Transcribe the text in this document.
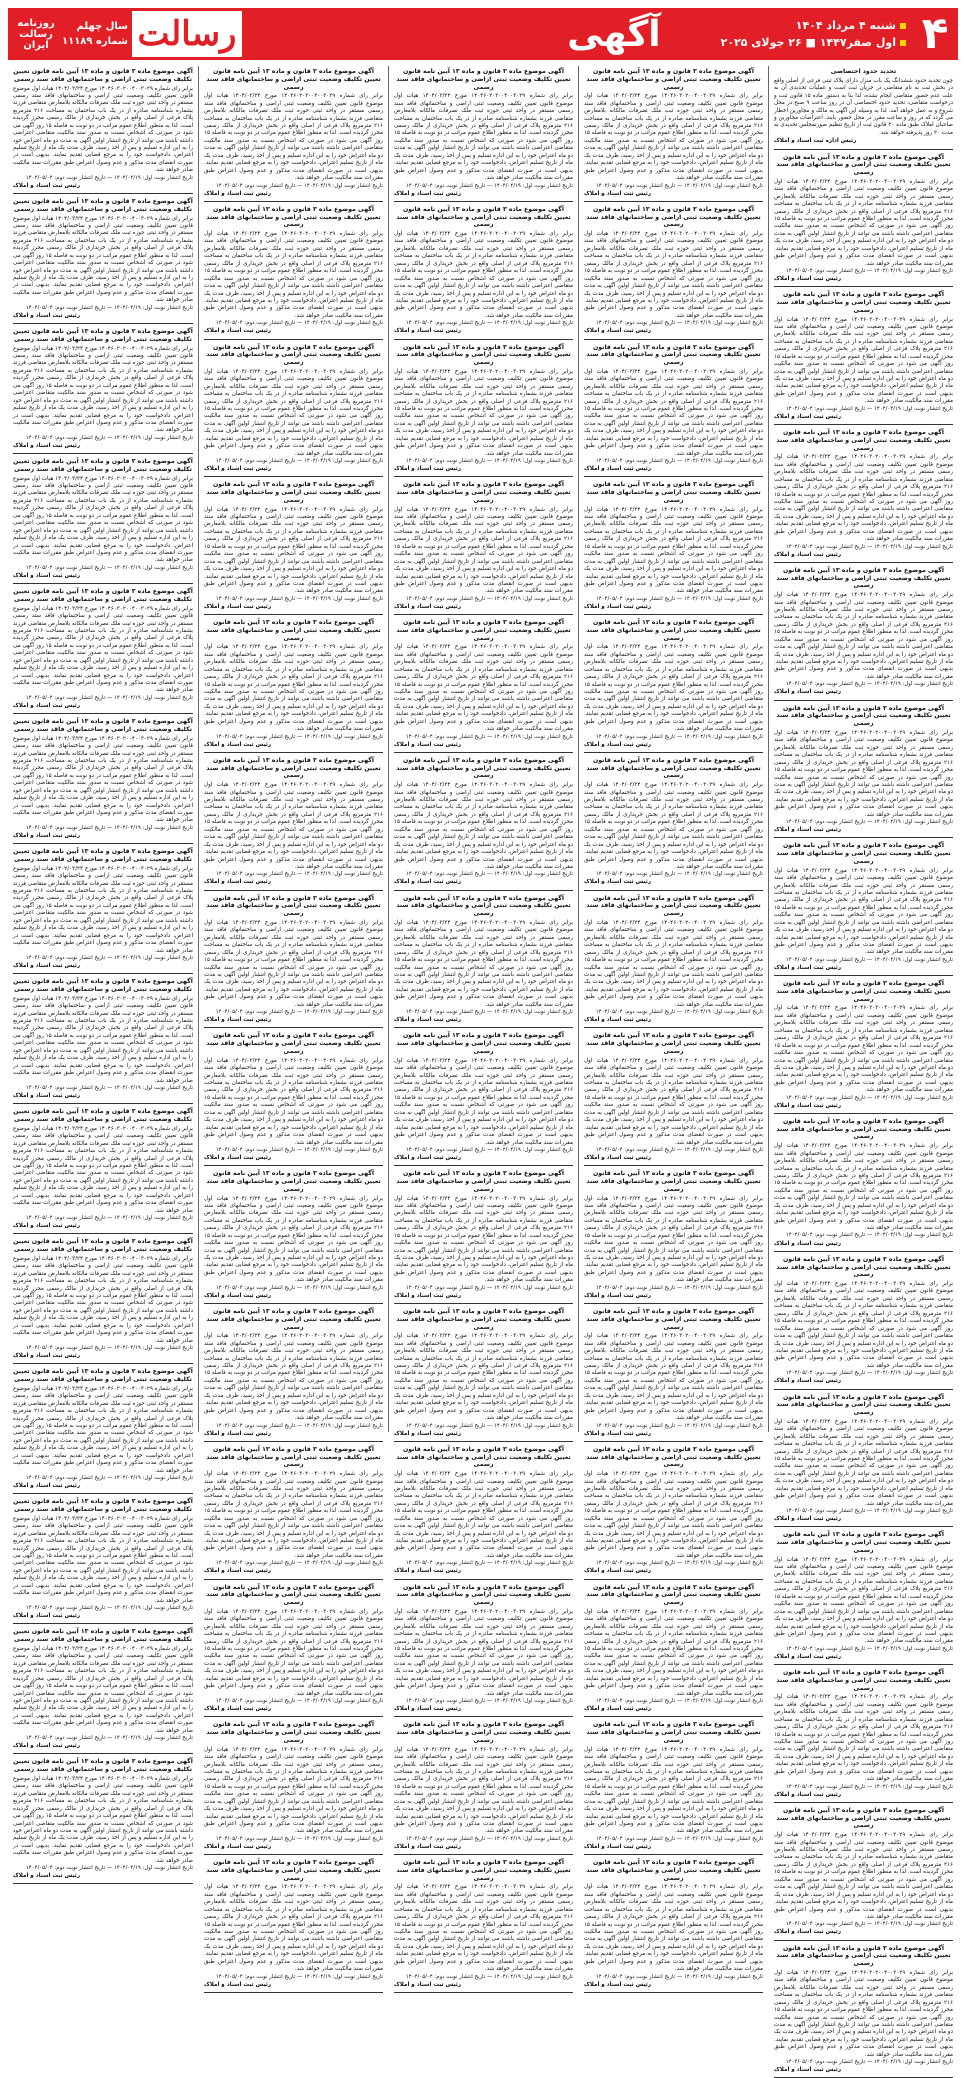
۴
شنبه ۴ مرداد ۱۴۰۴
اول صفر۱۴۴۷ ■ ۲۶ جولای ۲۰۲۵
آگهی
رسالت
سال چهلم
شماره ۱۱۱۸۹
روزنامه رسالت ایران
تحدید حدود اختصاصی

چون تحدید حدود ششدانگ یک باب منزل دارای پلاک ثبتی فرعی از اصلی واقع در بخش ثبت به نام متقاضی در جریان ثبت است و عملیات تحدیدی آن به علت عدم حضور متقاضی انجام نشده، لذا بنا به دستور ماده ۱۵ قانون ثبت و درخواست متقاضی، تحدید حدود اختصاصی آن در روز ساعت ۹ صبح در محل شروع و به عمل خواهد آمد. لذا به وسیله این آگهی به مالک و مجاورین اخطار می گردد که در روز و ساعت مقرر در محل حضور یابند. اعتراضات مجاورین و صاحبان املاک طبق ماده ۲۰ قانون ثبت از تاریخ تنظیم صورتمجلس تحدیدی به مدت ۳۰ روز پذیرفته خواهد شد.

رئیس اداره ثبت اسناد و املاک
آگهی موضوع ماده ۳ قانون و ماده ۱۳ آیین نامه قانون تعیین تکلیف وضعیت ثبتی اراضی و ساختمانهای فاقد سند رسمی

برابر رای شماره ۱۴۰۴۶۰۳۰۲۰۰۴۰۰۳۰۲۹ مورخ ۱۴۰۴/۰۳/۲۴ هیات اول موضوع قانون تعیین تکلیف وضعیت ثبتی اراضی و ساختمانهای فاقد سند رسمی مستقر در واحد ثبتی حوزه ثبت ملک تصرفات مالکانه بلامعارض متقاضی فرزند بشماره شناسنامه صادره از در یک باب ساختمان به مساحت ۲۱۶ مترمربع پلاک فرعی از اصلی واقع در بخش خریداری از مالک رسمی محرز گردیده است. لذا به منظور اطلاع عموم مراتب در دو نوبت به فاصله ۱۵ روز آگهی می شود در صورتی که اشخاص نسبت به صدور سند مالکیت متقاضی اعتراضی داشته باشند می توانند از تاریخ انتشار اولین آگهی به مدت دو ماه اعتراض خود را به این اداره تسلیم و پس از اخذ رسید، ظرف مدت یک ماه از تاریخ تسلیم اعتراض، دادخواست خود را به مرجع قضایی تقدیم نمایند. بدیهی است در صورت انقضای مدت مذکور و عدم وصول اعتراض طبق مقررات سند مالکیت صادر خواهد شد.

تاریخ انتشار نوبت اول: ۱۴۰۴/۰۴/۱۹ — تاریخ انتشار نوبت دوم: ۱۴۰۴/۰۵/۰۴
رئیس ثبت اسناد و املاک
آگهی موضوع ماده ۳ قانون و ماده ۱۳ آیین نامه قانون تعیین تکلیف وضعیت ثبتی اراضی و ساختمانهای فاقد سند رسمی

برابر رای شماره ۱۴۰۴۶۰۳۰۲۰۰۴۰۰۳۰۲۹ مورخ ۱۴۰۴/۰۳/۲۴ هیات اول موضوع قانون تعیین تکلیف وضعیت ثبتی اراضی و ساختمانهای فاقد سند رسمی مستقر در واحد ثبتی حوزه ثبت ملک تصرفات مالکانه بلامعارض متقاضی فرزند بشماره شناسنامه صادره از در یک باب ساختمان به مساحت ۲۱۶ مترمربع پلاک فرعی از اصلی واقع در بخش خریداری از مالک رسمی محرز گردیده است. لذا به منظور اطلاع عموم مراتب در دو نوبت به فاصله ۱۵ روز آگهی می شود در صورتی که اشخاص نسبت به صدور سند مالکیت متقاضی اعتراضی داشته باشند می توانند از تاریخ انتشار اولین آگهی به مدت دو ماه اعتراض خود را به این اداره تسلیم و پس از اخذ رسید، ظرف مدت یک ماه از تاریخ تسلیم اعتراض، دادخواست خود را به مرجع قضایی تقدیم نمایند. بدیهی است در صورت انقضای مدت مذکور و عدم وصول اعتراض طبق مقررات سند مالکیت صادر خواهد شد.

تاریخ انتشار نوبت اول: ۱۴۰۴/۰۴/۱۹ — تاریخ انتشار نوبت دوم: ۱۴۰۴/۰۵/۰۴
رئیس ثبت اسناد و املاک
آگهی موضوع ماده ۳ قانون و ماده ۱۳ آیین نامه قانون تعیین تکلیف وضعیت ثبتی اراضی و ساختمانهای فاقد سند رسمی

برابر رای شماره ۱۴۰۴۶۰۳۰۲۰۰۴۰۰۳۰۲۹ مورخ ۱۴۰۴/۰۳/۲۴ هیات اول موضوع قانون تعیین تکلیف وضعیت ثبتی اراضی و ساختمانهای فاقد سند رسمی مستقر در واحد ثبتی حوزه ثبت ملک تصرفات مالکانه بلامعارض متقاضی فرزند بشماره شناسنامه صادره از در یک باب ساختمان به مساحت ۲۱۶ مترمربع پلاک فرعی از اصلی واقع در بخش خریداری از مالک رسمی محرز گردیده است. لذا به منظور اطلاع عموم مراتب در دو نوبت به فاصله ۱۵ روز آگهی می شود در صورتی که اشخاص نسبت به صدور سند مالکیت متقاضی اعتراضی داشته باشند می توانند از تاریخ انتشار اولین آگهی به مدت دو ماه اعتراض خود را به این اداره تسلیم و پس از اخذ رسید، ظرف مدت یک ماه از تاریخ تسلیم اعتراض، دادخواست خود را به مرجع قضایی تقدیم نمایند. بدیهی است در صورت انقضای مدت مذکور و عدم وصول اعتراض طبق مقررات سند مالکیت صادر خواهد شد.

تاریخ انتشار نوبت اول: ۱۴۰۴/۰۴/۱۹ — تاریخ انتشار نوبت دوم: ۱۴۰۴/۰۵/۰۴
رئیس ثبت اسناد و املاک
آگهی موضوع ماده ۳ قانون و ماده ۱۳ آیین نامه قانون تعیین تکلیف وضعیت ثبتی اراضی و ساختمانهای فاقد سند رسمی

برابر رای شماره ۱۴۰۴۶۰۳۰۲۰۰۴۰۰۳۰۲۹ مورخ ۱۴۰۴/۰۳/۲۴ هیات اول موضوع قانون تعیین تکلیف وضعیت ثبتی اراضی و ساختمانهای فاقد سند رسمی مستقر در واحد ثبتی حوزه ثبت ملک تصرفات مالکانه بلامعارض متقاضی فرزند بشماره شناسنامه صادره از در یک باب ساختمان به مساحت ۲۱۶ مترمربع پلاک فرعی از اصلی واقع در بخش خریداری از مالک رسمی محرز گردیده است. لذا به منظور اطلاع عموم مراتب در دو نوبت به فاصله ۱۵ روز آگهی می شود در صورتی که اشخاص نسبت به صدور سند مالکیت متقاضی اعتراضی داشته باشند می توانند از تاریخ انتشار اولین آگهی به مدت دو ماه اعتراض خود را به این اداره تسلیم و پس از اخذ رسید، ظرف مدت یک ماه از تاریخ تسلیم اعتراض، دادخواست خود را به مرجع قضایی تقدیم نمایند. بدیهی است در صورت انقضای مدت مذکور و عدم وصول اعتراض طبق مقررات سند مالکیت صادر خواهد شد.

تاریخ انتشار نوبت اول: ۱۴۰۴/۰۴/۱۹ — تاریخ انتشار نوبت دوم: ۱۴۰۴/۰۵/۰۴
رئیس ثبت اسناد و املاک
آگهی موضوع ماده ۳ قانون و ماده ۱۳ آیین نامه قانون تعیین تکلیف وضعیت ثبتی اراضی و ساختمانهای فاقد سند رسمی

برابر رای شماره ۱۴۰۴۶۰۳۰۲۰۰۴۰۰۳۰۲۹ مورخ ۱۴۰۴/۰۳/۲۴ هیات اول موضوع قانون تعیین تکلیف وضعیت ثبتی اراضی و ساختمانهای فاقد سند رسمی مستقر در واحد ثبتی حوزه ثبت ملک تصرفات مالکانه بلامعارض متقاضی فرزند بشماره شناسنامه صادره از در یک باب ساختمان به مساحت ۲۱۶ مترمربع پلاک فرعی از اصلی واقع در بخش خریداری از مالک رسمی محرز گردیده است. لذا به منظور اطلاع عموم مراتب در دو نوبت به فاصله ۱۵ روز آگهی می شود در صورتی که اشخاص نسبت به صدور سند مالکیت متقاضی اعتراضی داشته باشند می توانند از تاریخ انتشار اولین آگهی به مدت دو ماه اعتراض خود را به این اداره تسلیم و پس از اخذ رسید، ظرف مدت یک ماه از تاریخ تسلیم اعتراض، دادخواست خود را به مرجع قضایی تقدیم نمایند. بدیهی است در صورت انقضای مدت مذکور و عدم وصول اعتراض طبق مقررات سند مالکیت صادر خواهد شد.

تاریخ انتشار نوبت اول: ۱۴۰۴/۰۴/۱۹ — تاریخ انتشار نوبت دوم: ۱۴۰۴/۰۵/۰۴
رئیس ثبت اسناد و املاک
آگهی موضوع ماده ۳ قانون و ماده ۱۳ آیین نامه قانون تعیین تکلیف وضعیت ثبتی اراضی و ساختمانهای فاقد سند رسمی

برابر رای شماره ۱۴۰۴۶۰۳۰۲۰۰۴۰۰۳۰۲۹ مورخ ۱۴۰۴/۰۳/۲۴ هیات اول موضوع قانون تعیین تکلیف وضعیت ثبتی اراضی و ساختمانهای فاقد سند رسمی مستقر در واحد ثبتی حوزه ثبت ملک تصرفات مالکانه بلامعارض متقاضی فرزند بشماره شناسنامه صادره از در یک باب ساختمان به مساحت ۲۱۶ مترمربع پلاک فرعی از اصلی واقع در بخش خریداری از مالک رسمی محرز گردیده است. لذا به منظور اطلاع عموم مراتب در دو نوبت به فاصله ۱۵ روز آگهی می شود در صورتی که اشخاص نسبت به صدور سند مالکیت متقاضی اعتراضی داشته باشند می توانند از تاریخ انتشار اولین آگهی به مدت دو ماه اعتراض خود را به این اداره تسلیم و پس از اخذ رسید، ظرف مدت یک ماه از تاریخ تسلیم اعتراض، دادخواست خود را به مرجع قضایی تقدیم نمایند. بدیهی است در صورت انقضای مدت مذکور و عدم وصول اعتراض طبق مقررات سند مالکیت صادر خواهد شد.

تاریخ انتشار نوبت اول: ۱۴۰۴/۰۴/۱۹ — تاریخ انتشار نوبت دوم: ۱۴۰۴/۰۵/۰۴
رئیس ثبت اسناد و املاک
آگهی موضوع ماده ۳ قانون و ماده ۱۳ آیین نامه قانون تعیین تکلیف وضعیت ثبتی اراضی و ساختمانهای فاقد سند رسمی

برابر رای شماره ۱۴۰۴۶۰۳۰۲۰۰۴۰۰۳۰۲۹ مورخ ۱۴۰۴/۰۳/۲۴ هیات اول موضوع قانون تعیین تکلیف وضعیت ثبتی اراضی و ساختمانهای فاقد سند رسمی مستقر در واحد ثبتی حوزه ثبت ملک تصرفات مالکانه بلامعارض متقاضی فرزند بشماره شناسنامه صادره از در یک باب ساختمان به مساحت ۲۱۶ مترمربع پلاک فرعی از اصلی واقع در بخش خریداری از مالک رسمی محرز گردیده است. لذا به منظور اطلاع عموم مراتب در دو نوبت به فاصله ۱۵ روز آگهی می شود در صورتی که اشخاص نسبت به صدور سند مالکیت متقاضی اعتراضی داشته باشند می توانند از تاریخ انتشار اولین آگهی به مدت دو ماه اعتراض خود را به این اداره تسلیم و پس از اخذ رسید، ظرف مدت یک ماه از تاریخ تسلیم اعتراض، دادخواست خود را به مرجع قضایی تقدیم نمایند. بدیهی است در صورت انقضای مدت مذکور و عدم وصول اعتراض طبق مقررات سند مالکیت صادر خواهد شد.

تاریخ انتشار نوبت اول: ۱۴۰۴/۰۴/۱۹ — تاریخ انتشار نوبت دوم: ۱۴۰۴/۰۵/۰۴
رئیس ثبت اسناد و املاک
آگهی موضوع ماده ۳ قانون و ماده ۱۳ آیین نامه قانون تعیین تکلیف وضعیت ثبتی اراضی و ساختمانهای فاقد سند رسمی

برابر رای شماره ۱۴۰۴۶۰۳۰۲۰۰۴۰۰۳۰۲۹ مورخ ۱۴۰۴/۰۳/۲۴ هیات اول موضوع قانون تعیین تکلیف وضعیت ثبتی اراضی و ساختمانهای فاقد سند رسمی مستقر در واحد ثبتی حوزه ثبت ملک تصرفات مالکانه بلامعارض متقاضی فرزند بشماره شناسنامه صادره از در یک باب ساختمان به مساحت ۲۱۶ مترمربع پلاک فرعی از اصلی واقع در بخش خریداری از مالک رسمی محرز گردیده است. لذا به منظور اطلاع عموم مراتب در دو نوبت به فاصله ۱۵ روز آگهی می شود در صورتی که اشخاص نسبت به صدور سند مالکیت متقاضی اعتراضی داشته باشند می توانند از تاریخ انتشار اولین آگهی به مدت دو ماه اعتراض خود را به این اداره تسلیم و پس از اخذ رسید، ظرف مدت یک ماه از تاریخ تسلیم اعتراض، دادخواست خود را به مرجع قضایی تقدیم نمایند. بدیهی است در صورت انقضای مدت مذکور و عدم وصول اعتراض طبق مقررات سند مالکیت صادر خواهد شد.

تاریخ انتشار نوبت اول: ۱۴۰۴/۰۴/۱۹ — تاریخ انتشار نوبت دوم: ۱۴۰۴/۰۵/۰۴
رئیس ثبت اسناد و املاک
آگهی موضوع ماده ۳ قانون و ماده ۱۳ آیین نامه قانون تعیین تکلیف وضعیت ثبتی اراضی و ساختمانهای فاقد سند رسمی

برابر رای شماره ۱۴۰۴۶۰۳۰۲۰۰۴۰۰۳۰۲۹ مورخ ۱۴۰۴/۰۳/۲۴ هیات اول موضوع قانون تعیین تکلیف وضعیت ثبتی اراضی و ساختمانهای فاقد سند رسمی مستقر در واحد ثبتی حوزه ثبت ملک تصرفات مالکانه بلامعارض متقاضی فرزند بشماره شناسنامه صادره از در یک باب ساختمان به مساحت ۲۱۶ مترمربع پلاک فرعی از اصلی واقع در بخش خریداری از مالک رسمی محرز گردیده است. لذا به منظور اطلاع عموم مراتب در دو نوبت به فاصله ۱۵ روز آگهی می شود در صورتی که اشخاص نسبت به صدور سند مالکیت متقاضی اعتراضی داشته باشند می توانند از تاریخ انتشار اولین آگهی به مدت دو ماه اعتراض خود را به این اداره تسلیم و پس از اخذ رسید، ظرف مدت یک ماه از تاریخ تسلیم اعتراض، دادخواست خود را به مرجع قضایی تقدیم نمایند. بدیهی است در صورت انقضای مدت مذکور و عدم وصول اعتراض طبق مقررات سند مالکیت صادر خواهد شد.

تاریخ انتشار نوبت اول: ۱۴۰۴/۰۴/۱۹ — تاریخ انتشار نوبت دوم: ۱۴۰۴/۰۵/۰۴
رئیس ثبت اسناد و املاک
آگهی موضوع ماده ۳ قانون و ماده ۱۳ آیین نامه قانون تعیین تکلیف وضعیت ثبتی اراضی و ساختمانهای فاقد سند رسمی

برابر رای شماره ۱۴۰۴۶۰۳۰۲۰۰۴۰۰۳۰۲۹ مورخ ۱۴۰۴/۰۳/۲۴ هیات اول موضوع قانون تعیین تکلیف وضعیت ثبتی اراضی و ساختمانهای فاقد سند رسمی مستقر در واحد ثبتی حوزه ثبت ملک تصرفات مالکانه بلامعارض متقاضی فرزند بشماره شناسنامه صادره از در یک باب ساختمان به مساحت ۲۱۶ مترمربع پلاک فرعی از اصلی واقع در بخش خریداری از مالک رسمی محرز گردیده است. لذا به منظور اطلاع عموم مراتب در دو نوبت به فاصله ۱۵ روز آگهی می شود در صورتی که اشخاص نسبت به صدور سند مالکیت متقاضی اعتراضی داشته باشند می توانند از تاریخ انتشار اولین آگهی به مدت دو ماه اعتراض خود را به این اداره تسلیم و پس از اخذ رسید، ظرف مدت یک ماه از تاریخ تسلیم اعتراض، دادخواست خود را به مرجع قضایی تقدیم نمایند. بدیهی است در صورت انقضای مدت مذکور و عدم وصول اعتراض طبق مقررات سند مالکیت صادر خواهد شد.

تاریخ انتشار نوبت اول: ۱۴۰۴/۰۴/۱۹ — تاریخ انتشار نوبت دوم: ۱۴۰۴/۰۵/۰۴
رئیس ثبت اسناد و املاک
آگهی موضوع ماده ۳ قانون و ماده ۱۳ آیین نامه قانون تعیین تکلیف وضعیت ثبتی اراضی و ساختمانهای فاقد سند رسمی

برابر رای شماره ۱۴۰۴۶۰۳۰۲۰۰۴۰۰۳۰۲۹ مورخ ۱۴۰۴/۰۳/۲۴ هیات اول موضوع قانون تعیین تکلیف وضعیت ثبتی اراضی و ساختمانهای فاقد سند رسمی مستقر در واحد ثبتی حوزه ثبت ملک تصرفات مالکانه بلامعارض متقاضی فرزند بشماره شناسنامه صادره از در یک باب ساختمان به مساحت ۲۱۶ مترمربع پلاک فرعی از اصلی واقع در بخش خریداری از مالک رسمی محرز گردیده است. لذا به منظور اطلاع عموم مراتب در دو نوبت به فاصله ۱۵ روز آگهی می شود در صورتی که اشخاص نسبت به صدور سند مالکیت متقاضی اعتراضی داشته باشند می توانند از تاریخ انتشار اولین آگهی به مدت دو ماه اعتراض خود را به این اداره تسلیم و پس از اخذ رسید، ظرف مدت یک ماه از تاریخ تسلیم اعتراض، دادخواست خود را به مرجع قضایی تقدیم نمایند. بدیهی است در صورت انقضای مدت مذکور و عدم وصول اعتراض طبق مقررات سند مالکیت صادر خواهد شد.

تاریخ انتشار نوبت اول: ۱۴۰۴/۰۴/۱۹ — تاریخ انتشار نوبت دوم: ۱۴۰۴/۰۵/۰۴
رئیس ثبت اسناد و املاک
آگهی موضوع ماده ۳ قانون و ماده ۱۳ آیین نامه قانون تعیین تکلیف وضعیت ثبتی اراضی و ساختمانهای فاقد سند رسمی

برابر رای شماره ۱۴۰۴۶۰۳۰۲۰۰۴۰۰۳۰۲۹ مورخ ۱۴۰۴/۰۳/۲۴ هیات اول موضوع قانون تعیین تکلیف وضعیت ثبتی اراضی و ساختمانهای فاقد سند رسمی مستقر در واحد ثبتی حوزه ثبت ملک تصرفات مالکانه بلامعارض متقاضی فرزند بشماره شناسنامه صادره از در یک باب ساختمان به مساحت ۲۱۶ مترمربع پلاک فرعی از اصلی واقع در بخش خریداری از مالک رسمی محرز گردیده است. لذا به منظور اطلاع عموم مراتب در دو نوبت به فاصله ۱۵ روز آگهی می شود در صورتی که اشخاص نسبت به صدور سند مالکیت متقاضی اعتراضی داشته باشند می توانند از تاریخ انتشار اولین آگهی به مدت دو ماه اعتراض خود را به این اداره تسلیم و پس از اخذ رسید، ظرف مدت یک ماه از تاریخ تسلیم اعتراض، دادخواست خود را به مرجع قضایی تقدیم نمایند. بدیهی است در صورت انقضای مدت مذکور و عدم وصول اعتراض طبق مقررات سند مالکیت صادر خواهد شد.

تاریخ انتشار نوبت اول: ۱۴۰۴/۰۴/۱۹ — تاریخ انتشار نوبت دوم: ۱۴۰۴/۰۵/۰۴
رئیس ثبت اسناد و املاک
آگهی موضوع ماده ۳ قانون و ماده ۱۳ آیین نامه قانون تعیین تکلیف وضعیت ثبتی اراضی و ساختمانهای فاقد سند رسمی

برابر رای شماره ۱۴۰۴۶۰۳۰۲۰۰۴۰۰۳۰۲۹ مورخ ۱۴۰۴/۰۳/۲۴ هیات اول موضوع قانون تعیین تکلیف وضعیت ثبتی اراضی و ساختمانهای فاقد سند رسمی مستقر در واحد ثبتی حوزه ثبت ملک تصرفات مالکانه بلامعارض متقاضی فرزند بشماره شناسنامه صادره از در یک باب ساختمان به مساحت ۲۱۶ مترمربع پلاک فرعی از اصلی واقع در بخش خریداری از مالک رسمی محرز گردیده است. لذا به منظور اطلاع عموم مراتب در دو نوبت به فاصله ۱۵ روز آگهی می شود در صورتی که اشخاص نسبت به صدور سند مالکیت متقاضی اعتراضی داشته باشند می توانند از تاریخ انتشار اولین آگهی به مدت دو ماه اعتراض خود را به این اداره تسلیم و پس از اخذ رسید، ظرف مدت یک ماه از تاریخ تسلیم اعتراض، دادخواست خود را به مرجع قضایی تقدیم نمایند. بدیهی است در صورت انقضای مدت مذکور و عدم وصول اعتراض طبق مقررات سند مالکیت صادر خواهد شد.

تاریخ انتشار نوبت اول: ۱۴۰۴/۰۴/۱۹ — تاریخ انتشار نوبت دوم: ۱۴۰۴/۰۵/۰۴
رئیس ثبت اسناد و املاک
آگهی موضوع ماده ۳ قانون و ماده ۱۳ آیین نامه قانون تعیین تکلیف وضعیت ثبتی اراضی و ساختمانهای فاقد سند رسمی

برابر رای شماره ۱۴۰۴۶۰۳۰۲۰۰۴۰۰۳۰۲۹ مورخ ۱۴۰۴/۰۳/۲۴ هیات اول موضوع قانون تعیین تکلیف وضعیت ثبتی اراضی و ساختمانهای فاقد سند رسمی مستقر در واحد ثبتی حوزه ثبت ملک تصرفات مالکانه بلامعارض متقاضی فرزند بشماره شناسنامه صادره از در یک باب ساختمان به مساحت ۲۱۶ مترمربع پلاک فرعی از اصلی واقع در بخش خریداری از مالک رسمی محرز گردیده است. لذا به منظور اطلاع عموم مراتب در دو نوبت به فاصله ۱۵ روز آگهی می شود در صورتی که اشخاص نسبت به صدور سند مالکیت متقاضی اعتراضی داشته باشند می توانند از تاریخ انتشار اولین آگهی به مدت دو ماه اعتراض خود را به این اداره تسلیم و پس از اخذ رسید، ظرف مدت یک ماه از تاریخ تسلیم اعتراض، دادخواست خود را به مرجع قضایی تقدیم نمایند. بدیهی است در صورت انقضای مدت مذکور و عدم وصول اعتراض طبق مقررات سند مالکیت صادر خواهد شد.

تاریخ انتشار نوبت اول: ۱۴۰۴/۰۴/۱۹ — تاریخ انتشار نوبت دوم: ۱۴۰۴/۰۵/۰۴
رئیس ثبت اسناد و املاک
آگهی موضوع ماده ۳ قانون و ماده ۱۳ آیین نامه قانون تعیین تکلیف وضعیت ثبتی اراضی و ساختمانهای فاقد سند رسمی

برابر رای شماره ۱۴۰۴۶۰۳۰۲۰۰۴۰۰۳۰۲۹ مورخ ۱۴۰۴/۰۳/۲۴ هیات اول موضوع قانون تعیین تکلیف وضعیت ثبتی اراضی و ساختمانهای فاقد سند رسمی مستقر در واحد ثبتی حوزه ثبت ملک تصرفات مالکانه بلامعارض متقاضی فرزند بشماره شناسنامه صادره از در یک باب ساختمان به مساحت ۲۱۶ مترمربع پلاک فرعی از اصلی واقع در بخش خریداری از مالک رسمی محرز گردیده است. لذا به منظور اطلاع عموم مراتب در دو نوبت به فاصله ۱۵ روز آگهی می شود در صورتی که اشخاص نسبت به صدور سند مالکیت متقاضی اعتراضی داشته باشند می توانند از تاریخ انتشار اولین آگهی به مدت دو ماه اعتراض خود را به این اداره تسلیم و پس از اخذ رسید، ظرف مدت یک ماه از تاریخ تسلیم اعتراض، دادخواست خود را به مرجع قضایی تقدیم نمایند. بدیهی است در صورت انقضای مدت مذکور و عدم وصول اعتراض طبق مقررات سند مالکیت صادر خواهد شد.

تاریخ انتشار نوبت اول: ۱۴۰۴/۰۴/۱۹ — تاریخ انتشار نوبت دوم: ۱۴۰۴/۰۵/۰۴
رئیس ثبت اسناد و املاک
آگهی موضوع ماده ۳ قانون و ماده ۱۳ آیین نامه قانون تعیین تکلیف وضعیت ثبتی اراضی و ساختمانهای فاقد سند رسمی

برابر رای شماره ۱۴۰۴۶۰۳۰۲۰۰۴۰۰۳۰۲۹ مورخ ۱۴۰۴/۰۳/۲۴ هیات اول موضوع قانون تعیین تکلیف وضعیت ثبتی اراضی و ساختمانهای فاقد سند رسمی مستقر در واحد ثبتی حوزه ثبت ملک تصرفات مالکانه بلامعارض متقاضی فرزند بشماره شناسنامه صادره از در یک باب ساختمان به مساحت ۲۱۶ مترمربع پلاک فرعی از اصلی واقع در بخش خریداری از مالک رسمی محرز گردیده است. لذا به منظور اطلاع عموم مراتب در دو نوبت به فاصله ۱۵ روز آگهی می شود در صورتی که اشخاص نسبت به صدور سند مالکیت متقاضی اعتراضی داشته باشند می توانند از تاریخ انتشار اولین آگهی به مدت دو ماه اعتراض خود را به این اداره تسلیم و پس از اخذ رسید، ظرف مدت یک ماه از تاریخ تسلیم اعتراض، دادخواست خود را به مرجع قضایی تقدیم نمایند. بدیهی است در صورت انقضای مدت مذکور و عدم وصول اعتراض طبق مقررات سند مالکیت صادر خواهد شد.

تاریخ انتشار نوبت اول: ۱۴۰۴/۰۴/۱۹ — تاریخ انتشار نوبت دوم: ۱۴۰۴/۰۵/۰۴
رئیس ثبت اسناد و املاک
آگهی موضوع ماده ۳ قانون و ماده ۱۳ آیین نامه قانون تعیین تکلیف وضعیت ثبتی اراضی و ساختمانهای فاقد سند رسمی

برابر رای شماره ۱۴۰۴۶۰۳۰۲۰۰۴۰۰۳۰۲۹ مورخ ۱۴۰۴/۰۳/۲۴ هیات اول موضوع قانون تعیین تکلیف وضعیت ثبتی اراضی و ساختمانهای فاقد سند رسمی مستقر در واحد ثبتی حوزه ثبت ملک تصرفات مالکانه بلامعارض متقاضی فرزند بشماره شناسنامه صادره از در یک باب ساختمان به مساحت ۲۱۶ مترمربع پلاک فرعی از اصلی واقع در بخش خریداری از مالک رسمی محرز گردیده است. لذا به منظور اطلاع عموم مراتب در دو نوبت به فاصله ۱۵ روز آگهی می شود در صورتی که اشخاص نسبت به صدور سند مالکیت متقاضی اعتراضی داشته باشند می توانند از تاریخ انتشار اولین آگهی به مدت دو ماه اعتراض خود را به این اداره تسلیم و پس از اخذ رسید، ظرف مدت یک ماه از تاریخ تسلیم اعتراض، دادخواست خود را به مرجع قضایی تقدیم نمایند. بدیهی است در صورت انقضای مدت مذکور و عدم وصول اعتراض طبق مقررات سند مالکیت صادر خواهد شد.

تاریخ انتشار نوبت اول: ۱۴۰۴/۰۴/۱۹ — تاریخ انتشار نوبت دوم: ۱۴۰۴/۰۵/۰۴
رئیس ثبت اسناد و املاک
آگهی موضوع ماده ۳ قانون و ماده ۱۳ آیین نامه قانون تعیین تکلیف وضعیت ثبتی اراضی و ساختمانهای فاقد سند رسمی

برابر رای شماره ۱۴۰۴۶۰۳۰۲۰۰۴۰۰۳۰۲۹ مورخ ۱۴۰۴/۰۳/۲۴ هیات اول موضوع قانون تعیین تکلیف وضعیت ثبتی اراضی و ساختمانهای فاقد سند رسمی مستقر در واحد ثبتی حوزه ثبت ملک تصرفات مالکانه بلامعارض متقاضی فرزند بشماره شناسنامه صادره از در یک باب ساختمان به مساحت ۲۱۶ مترمربع پلاک فرعی از اصلی واقع در بخش خریداری از مالک رسمی محرز گردیده است. لذا به منظور اطلاع عموم مراتب در دو نوبت به فاصله ۱۵ روز آگهی می شود در صورتی که اشخاص نسبت به صدور سند مالکیت متقاضی اعتراضی داشته باشند می توانند از تاریخ انتشار اولین آگهی به مدت دو ماه اعتراض خود را به این اداره تسلیم و پس از اخذ رسید، ظرف مدت یک ماه از تاریخ تسلیم اعتراض، دادخواست خود را به مرجع قضایی تقدیم نمایند. بدیهی است در صورت انقضای مدت مذکور و عدم وصول اعتراض طبق مقررات سند مالکیت صادر خواهد شد.

تاریخ انتشار نوبت اول: ۱۴۰۴/۰۴/۱۹ — تاریخ انتشار نوبت دوم: ۱۴۰۴/۰۵/۰۴
رئیس ثبت اسناد و املاک
آگهی موضوع ماده ۳ قانون و ماده ۱۳ آیین نامه قانون تعیین تکلیف وضعیت ثبتی اراضی و ساختمانهای فاقد سند رسمی

برابر رای شماره ۱۴۰۴۶۰۳۰۲۰۰۴۰۰۳۰۲۹ مورخ ۱۴۰۴/۰۳/۲۴ هیات اول موضوع قانون تعیین تکلیف وضعیت ثبتی اراضی و ساختمانهای فاقد سند رسمی مستقر در واحد ثبتی حوزه ثبت ملک تصرفات مالکانه بلامعارض متقاضی فرزند بشماره شناسنامه صادره از در یک باب ساختمان به مساحت ۲۱۶ مترمربع پلاک فرعی از اصلی واقع در بخش خریداری از مالک رسمی محرز گردیده است. لذا به منظور اطلاع عموم مراتب در دو نوبت به فاصله ۱۵ روز آگهی می شود در صورتی که اشخاص نسبت به صدور سند مالکیت متقاضی اعتراضی داشته باشند می توانند از تاریخ انتشار اولین آگهی به مدت دو ماه اعتراض خود را به این اداره تسلیم و پس از اخذ رسید، ظرف مدت یک ماه از تاریخ تسلیم اعتراض، دادخواست خود را به مرجع قضایی تقدیم نمایند. بدیهی است در صورت انقضای مدت مذکور و عدم وصول اعتراض طبق مقررات سند مالکیت صادر خواهد شد.

تاریخ انتشار نوبت اول: ۱۴۰۴/۰۴/۱۹ — تاریخ انتشار نوبت دوم: ۱۴۰۴/۰۵/۰۴
رئیس ثبت اسناد و املاک
آگهی موضوع ماده ۳ قانون و ماده ۱۳ آیین نامه قانون تعیین تکلیف وضعیت ثبتی اراضی و ساختمانهای فاقد سند رسمی

برابر رای شماره ۱۴۰۴۶۰۳۰۲۰۰۴۰۰۳۰۲۹ مورخ ۱۴۰۴/۰۳/۲۴ هیات اول موضوع قانون تعیین تکلیف وضعیت ثبتی اراضی و ساختمانهای فاقد سند رسمی مستقر در واحد ثبتی حوزه ثبت ملک تصرفات مالکانه بلامعارض متقاضی فرزند بشماره شناسنامه صادره از در یک باب ساختمان به مساحت ۲۱۶ مترمربع پلاک فرعی از اصلی واقع در بخش خریداری از مالک رسمی محرز گردیده است. لذا به منظور اطلاع عموم مراتب در دو نوبت به فاصله ۱۵ روز آگهی می شود در صورتی که اشخاص نسبت به صدور سند مالکیت متقاضی اعتراضی داشته باشند می توانند از تاریخ انتشار اولین آگهی به مدت دو ماه اعتراض خود را به این اداره تسلیم و پس از اخذ رسید، ظرف مدت یک ماه از تاریخ تسلیم اعتراض، دادخواست خود را به مرجع قضایی تقدیم نمایند. بدیهی است در صورت انقضای مدت مذکور و عدم وصول اعتراض طبق مقررات سند مالکیت صادر خواهد شد.

تاریخ انتشار نوبت اول: ۱۴۰۴/۰۴/۱۹ — تاریخ انتشار نوبت دوم: ۱۴۰۴/۰۵/۰۴
رئیس ثبت اسناد و املاک
آگهی موضوع ماده ۳ قانون و ماده ۱۳ آیین نامه قانون تعیین تکلیف وضعیت ثبتی اراضی و ساختمانهای فاقد سند رسمی

برابر رای شماره ۱۴۰۴۶۰۳۰۲۰۰۴۰۰۳۰۲۹ مورخ ۱۴۰۴/۰۳/۲۴ هیات اول موضوع قانون تعیین تکلیف وضعیت ثبتی اراضی و ساختمانهای فاقد سند رسمی مستقر در واحد ثبتی حوزه ثبت ملک تصرفات مالکانه بلامعارض متقاضی فرزند بشماره شناسنامه صادره از در یک باب ساختمان به مساحت ۲۱۶ مترمربع پلاک فرعی از اصلی واقع در بخش خریداری از مالک رسمی محرز گردیده است. لذا به منظور اطلاع عموم مراتب در دو نوبت به فاصله ۱۵ روز آگهی می شود در صورتی که اشخاص نسبت به صدور سند مالکیت متقاضی اعتراضی داشته باشند می توانند از تاریخ انتشار اولین آگهی به مدت دو ماه اعتراض خود را به این اداره تسلیم و پس از اخذ رسید، ظرف مدت یک ماه از تاریخ تسلیم اعتراض، دادخواست خود را به مرجع قضایی تقدیم نمایند. بدیهی است در صورت انقضای مدت مذکور و عدم وصول اعتراض طبق مقررات سند مالکیت صادر خواهد شد.

تاریخ انتشار نوبت اول: ۱۴۰۴/۰۴/۱۹ — تاریخ انتشار نوبت دوم: ۱۴۰۴/۰۵/۰۴
رئیس ثبت اسناد و املاک
آگهی موضوع ماده ۳ قانون و ماده ۱۳ آیین نامه قانون تعیین تکلیف وضعیت ثبتی اراضی و ساختمانهای فاقد سند رسمی

برابر رای شماره ۱۴۰۴۶۰۳۰۲۰۰۴۰۰۳۰۲۹ مورخ ۱۴۰۴/۰۳/۲۴ هیات اول موضوع قانون تعیین تکلیف وضعیت ثبتی اراضی و ساختمانهای فاقد سند رسمی مستقر در واحد ثبتی حوزه ثبت ملک تصرفات مالکانه بلامعارض متقاضی فرزند بشماره شناسنامه صادره از در یک باب ساختمان به مساحت ۲۱۶ مترمربع پلاک فرعی از اصلی واقع در بخش خریداری از مالک رسمی محرز گردیده است. لذا به منظور اطلاع عموم مراتب در دو نوبت به فاصله ۱۵ روز آگهی می شود در صورتی که اشخاص نسبت به صدور سند مالکیت متقاضی اعتراضی داشته باشند می توانند از تاریخ انتشار اولین آگهی به مدت دو ماه اعتراض خود را به این اداره تسلیم و پس از اخذ رسید، ظرف مدت یک ماه از تاریخ تسلیم اعتراض، دادخواست خود را به مرجع قضایی تقدیم نمایند. بدیهی است در صورت انقضای مدت مذکور و عدم وصول اعتراض طبق مقررات سند مالکیت صادر خواهد شد.

تاریخ انتشار نوبت اول: ۱۴۰۴/۰۴/۱۹ — تاریخ انتشار نوبت دوم: ۱۴۰۴/۰۵/۰۴
رئیس ثبت اسناد و املاک
آگهی موضوع ماده ۳ قانون و ماده ۱۳ آیین نامه قانون تعیین تکلیف وضعیت ثبتی اراضی و ساختمانهای فاقد سند رسمی

برابر رای شماره ۱۴۰۴۶۰۳۰۲۰۰۴۰۰۳۰۲۹ مورخ ۱۴۰۴/۰۳/۲۴ هیات اول موضوع قانون تعیین تکلیف وضعیت ثبتی اراضی و ساختمانهای فاقد سند رسمی مستقر در واحد ثبتی حوزه ثبت ملک تصرفات مالکانه بلامعارض متقاضی فرزند بشماره شناسنامه صادره از در یک باب ساختمان به مساحت ۲۱۶ مترمربع پلاک فرعی از اصلی واقع در بخش خریداری از مالک رسمی محرز گردیده است. لذا به منظور اطلاع عموم مراتب در دو نوبت به فاصله ۱۵ روز آگهی می شود در صورتی که اشخاص نسبت به صدور سند مالکیت متقاضی اعتراضی داشته باشند می توانند از تاریخ انتشار اولین آگهی به مدت دو ماه اعتراض خود را به این اداره تسلیم و پس از اخذ رسید، ظرف مدت یک ماه از تاریخ تسلیم اعتراض، دادخواست خود را به مرجع قضایی تقدیم نمایند. بدیهی است در صورت انقضای مدت مذکور و عدم وصول اعتراض طبق مقررات سند مالکیت صادر خواهد شد.

تاریخ انتشار نوبت اول: ۱۴۰۴/۰۴/۱۹ — تاریخ انتشار نوبت دوم: ۱۴۰۴/۰۵/۰۴
رئیس ثبت اسناد و املاک
آگهی موضوع ماده ۳ قانون و ماده ۱۳ آیین نامه قانون تعیین تکلیف وضعیت ثبتی اراضی و ساختمانهای فاقد سند رسمی

برابر رای شماره ۱۴۰۴۶۰۳۰۲۰۰۴۰۰۳۰۲۹ مورخ ۱۴۰۴/۰۳/۲۴ هیات اول موضوع قانون تعیین تکلیف وضعیت ثبتی اراضی و ساختمانهای فاقد سند رسمی مستقر در واحد ثبتی حوزه ثبت ملک تصرفات مالکانه بلامعارض متقاضی فرزند بشماره شناسنامه صادره از در یک باب ساختمان به مساحت ۲۱۶ مترمربع پلاک فرعی از اصلی واقع در بخش خریداری از مالک رسمی محرز گردیده است. لذا به منظور اطلاع عموم مراتب در دو نوبت به فاصله ۱۵ روز آگهی می شود در صورتی که اشخاص نسبت به صدور سند مالکیت متقاضی اعتراضی داشته باشند می توانند از تاریخ انتشار اولین آگهی به مدت دو ماه اعتراض خود را به این اداره تسلیم و پس از اخذ رسید، ظرف مدت یک ماه از تاریخ تسلیم اعتراض، دادخواست خود را به مرجع قضایی تقدیم نمایند. بدیهی است در صورت انقضای مدت مذکور و عدم وصول اعتراض طبق مقررات سند مالکیت صادر خواهد شد.

تاریخ انتشار نوبت اول: ۱۴۰۴/۰۴/۱۹ — تاریخ انتشار نوبت دوم: ۱۴۰۴/۰۵/۰۴
رئیس ثبت اسناد و املاک
آگهی موضوع ماده ۳ قانون و ماده ۱۳ آیین نامه قانون تعیین تکلیف وضعیت ثبتی اراضی و ساختمانهای فاقد سند رسمی

برابر رای شماره ۱۴۰۴۶۰۳۰۲۰۰۴۰۰۳۰۲۹ مورخ ۱۴۰۴/۰۳/۲۴ هیات اول موضوع قانون تعیین تکلیف وضعیت ثبتی اراضی و ساختمانهای فاقد سند رسمی مستقر در واحد ثبتی حوزه ثبت ملک تصرفات مالکانه بلامعارض متقاضی فرزند بشماره شناسنامه صادره از در یک باب ساختمان به مساحت ۲۱۶ مترمربع پلاک فرعی از اصلی واقع در بخش خریداری از مالک رسمی محرز گردیده است. لذا به منظور اطلاع عموم مراتب در دو نوبت به فاصله ۱۵ روز آگهی می شود در صورتی که اشخاص نسبت به صدور سند مالکیت متقاضی اعتراضی داشته باشند می توانند از تاریخ انتشار اولین آگهی به مدت دو ماه اعتراض خود را به این اداره تسلیم و پس از اخذ رسید، ظرف مدت یک ماه از تاریخ تسلیم اعتراض، دادخواست خود را به مرجع قضایی تقدیم نمایند. بدیهی است در صورت انقضای مدت مذکور و عدم وصول اعتراض طبق مقررات سند مالکیت صادر خواهد شد.

تاریخ انتشار نوبت اول: ۱۴۰۴/۰۴/۱۹ — تاریخ انتشار نوبت دوم: ۱۴۰۴/۰۵/۰۴
رئیس ثبت اسناد و املاک
آگهی موضوع ماده ۳ قانون و ماده ۱۳ آیین نامه قانون تعیین تکلیف وضعیت ثبتی اراضی و ساختمانهای فاقد سند رسمی

برابر رای شماره ۱۴۰۴۶۰۳۰۲۰۰۴۰۰۳۰۲۹ مورخ ۱۴۰۴/۰۳/۲۴ هیات اول موضوع قانون تعیین تکلیف وضعیت ثبتی اراضی و ساختمانهای فاقد سند رسمی مستقر در واحد ثبتی حوزه ثبت ملک تصرفات مالکانه بلامعارض متقاضی فرزند بشماره شناسنامه صادره از در یک باب ساختمان به مساحت ۲۱۶ مترمربع پلاک فرعی از اصلی واقع در بخش خریداری از مالک رسمی محرز گردیده است. لذا به منظور اطلاع عموم مراتب در دو نوبت به فاصله ۱۵ روز آگهی می شود در صورتی که اشخاص نسبت به صدور سند مالکیت متقاضی اعتراضی داشته باشند می توانند از تاریخ انتشار اولین آگهی به مدت دو ماه اعتراض خود را به این اداره تسلیم و پس از اخذ رسید، ظرف مدت یک ماه از تاریخ تسلیم اعتراض، دادخواست خود را به مرجع قضایی تقدیم نمایند. بدیهی است در صورت انقضای مدت مذکور و عدم وصول اعتراض طبق مقررات سند مالکیت صادر خواهد شد.

تاریخ انتشار نوبت اول: ۱۴۰۴/۰۴/۱۹ — تاریخ انتشار نوبت دوم: ۱۴۰۴/۰۵/۰۴
رئیس ثبت اسناد و املاک
آگهی موضوع ماده ۳ قانون و ماده ۱۳ آیین نامه قانون تعیین تکلیف وضعیت ثبتی اراضی و ساختمانهای فاقد سند رسمی

برابر رای شماره ۱۴۰۴۶۰۳۰۲۰۰۴۰۰۳۰۲۹ مورخ ۱۴۰۴/۰۳/۲۴ هیات اول موضوع قانون تعیین تکلیف وضعیت ثبتی اراضی و ساختمانهای فاقد سند رسمی مستقر در واحد ثبتی حوزه ثبت ملک تصرفات مالکانه بلامعارض متقاضی فرزند بشماره شناسنامه صادره از در یک باب ساختمان به مساحت ۲۱۶ مترمربع پلاک فرعی از اصلی واقع در بخش خریداری از مالک رسمی محرز گردیده است. لذا به منظور اطلاع عموم مراتب در دو نوبت به فاصله ۱۵ روز آگهی می شود در صورتی که اشخاص نسبت به صدور سند مالکیت متقاضی اعتراضی داشته باشند می توانند از تاریخ انتشار اولین آگهی به مدت دو ماه اعتراض خود را به این اداره تسلیم و پس از اخذ رسید، ظرف مدت یک ماه از تاریخ تسلیم اعتراض، دادخواست خود را به مرجع قضایی تقدیم نمایند. بدیهی است در صورت انقضای مدت مذکور و عدم وصول اعتراض طبق مقررات سند مالکیت صادر خواهد شد.

تاریخ انتشار نوبت اول: ۱۴۰۴/۰۴/۱۹ — تاریخ انتشار نوبت دوم: ۱۴۰۴/۰۵/۰۴
رئیس ثبت اسناد و املاک
آگهی موضوع ماده ۳ قانون و ماده ۱۳ آیین نامه قانون تعیین تکلیف وضعیت ثبتی اراضی و ساختمانهای فاقد سند رسمی

برابر رای شماره ۱۴۰۴۶۰۳۰۲۰۰۴۰۰۳۰۲۹ مورخ ۱۴۰۴/۰۳/۲۴ هیات اول موضوع قانون تعیین تکلیف وضعیت ثبتی اراضی و ساختمانهای فاقد سند رسمی مستقر در واحد ثبتی حوزه ثبت ملک تصرفات مالکانه بلامعارض متقاضی فرزند بشماره شناسنامه صادره از در یک باب ساختمان به مساحت ۲۱۶ مترمربع پلاک فرعی از اصلی واقع در بخش خریداری از مالک رسمی محرز گردیده است. لذا به منظور اطلاع عموم مراتب در دو نوبت به فاصله ۱۵ روز آگهی می شود در صورتی که اشخاص نسبت به صدور سند مالکیت متقاضی اعتراضی داشته باشند می توانند از تاریخ انتشار اولین آگهی به مدت دو ماه اعتراض خود را به این اداره تسلیم و پس از اخذ رسید، ظرف مدت یک ماه از تاریخ تسلیم اعتراض، دادخواست خود را به مرجع قضایی تقدیم نمایند. بدیهی است در صورت انقضای مدت مذکور و عدم وصول اعتراض طبق مقررات سند مالکیت صادر خواهد شد.

تاریخ انتشار نوبت اول: ۱۴۰۴/۰۴/۱۹ — تاریخ انتشار نوبت دوم: ۱۴۰۴/۰۵/۰۴
رئیس ثبت اسناد و املاک
آگهی موضوع ماده ۳ قانون و ماده ۱۳ آیین نامه قانون تعیین تکلیف وضعیت ثبتی اراضی و ساختمانهای فاقد سند رسمی

برابر رای شماره ۱۴۰۴۶۰۳۰۲۰۰۴۰۰۳۰۲۹ مورخ ۱۴۰۴/۰۳/۲۴ هیات اول موضوع قانون تعیین تکلیف وضعیت ثبتی اراضی و ساختمانهای فاقد سند رسمی مستقر در واحد ثبتی حوزه ثبت ملک تصرفات مالکانه بلامعارض متقاضی فرزند بشماره شناسنامه صادره از در یک باب ساختمان به مساحت ۲۱۶ مترمربع پلاک فرعی از اصلی واقع در بخش خریداری از مالک رسمی محرز گردیده است. لذا به منظور اطلاع عموم مراتب در دو نوبت به فاصله ۱۵ روز آگهی می شود در صورتی که اشخاص نسبت به صدور سند مالکیت متقاضی اعتراضی داشته باشند می توانند از تاریخ انتشار اولین آگهی به مدت دو ماه اعتراض خود را به این اداره تسلیم و پس از اخذ رسید، ظرف مدت یک ماه از تاریخ تسلیم اعتراض، دادخواست خود را به مرجع قضایی تقدیم نمایند. بدیهی است در صورت انقضای مدت مذکور و عدم وصول اعتراض طبق مقررات سند مالکیت صادر خواهد شد.

تاریخ انتشار نوبت اول: ۱۴۰۴/۰۴/۱۹ — تاریخ انتشار نوبت دوم: ۱۴۰۴/۰۵/۰۴
رئیس ثبت اسناد و املاک
آگهی موضوع ماده ۳ قانون و ماده ۱۳ آیین نامه قانون تعیین تکلیف وضعیت ثبتی اراضی و ساختمانهای فاقد سند رسمی

برابر رای شماره ۱۴۰۴۶۰۳۰۲۰۰۴۰۰۳۰۲۹ مورخ ۱۴۰۴/۰۳/۲۴ هیات اول موضوع قانون تعیین تکلیف وضعیت ثبتی اراضی و ساختمانهای فاقد سند رسمی مستقر در واحد ثبتی حوزه ثبت ملک تصرفات مالکانه بلامعارض متقاضی فرزند بشماره شناسنامه صادره از در یک باب ساختمان به مساحت ۲۱۶ مترمربع پلاک فرعی از اصلی واقع در بخش خریداری از مالک رسمی محرز گردیده است. لذا به منظور اطلاع عموم مراتب در دو نوبت به فاصله ۱۵ روز آگهی می شود در صورتی که اشخاص نسبت به صدور سند مالکیت متقاضی اعتراضی داشته باشند می توانند از تاریخ انتشار اولین آگهی به مدت دو ماه اعتراض خود را به این اداره تسلیم و پس از اخذ رسید، ظرف مدت یک ماه از تاریخ تسلیم اعتراض، دادخواست خود را به مرجع قضایی تقدیم نمایند. بدیهی است در صورت انقضای مدت مذکور و عدم وصول اعتراض طبق مقررات سند مالکیت صادر خواهد شد.

تاریخ انتشار نوبت اول: ۱۴۰۴/۰۴/۱۹ — تاریخ انتشار نوبت دوم: ۱۴۰۴/۰۵/۰۴
رئیس ثبت اسناد و املاک
آگهی موضوع ماده ۳ قانون و ماده ۱۳ آیین نامه قانون تعیین تکلیف وضعیت ثبتی اراضی و ساختمانهای فاقد سند رسمی

برابر رای شماره ۱۴۰۴۶۰۳۰۲۰۰۴۰۰۳۰۲۹ مورخ ۱۴۰۴/۰۳/۲۴ هیات اول موضوع قانون تعیین تکلیف وضعیت ثبتی اراضی و ساختمانهای فاقد سند رسمی مستقر در واحد ثبتی حوزه ثبت ملک تصرفات مالکانه بلامعارض متقاضی فرزند بشماره شناسنامه صادره از در یک باب ساختمان به مساحت ۲۱۶ مترمربع پلاک فرعی از اصلی واقع در بخش خریداری از مالک رسمی محرز گردیده است. لذا به منظور اطلاع عموم مراتب در دو نوبت به فاصله ۱۵ روز آگهی می شود در صورتی که اشخاص نسبت به صدور سند مالکیت متقاضی اعتراضی داشته باشند می توانند از تاریخ انتشار اولین آگهی به مدت دو ماه اعتراض خود را به این اداره تسلیم و پس از اخذ رسید، ظرف مدت یک ماه از تاریخ تسلیم اعتراض، دادخواست خود را به مرجع قضایی تقدیم نمایند. بدیهی است در صورت انقضای مدت مذکور و عدم وصول اعتراض طبق مقررات سند مالکیت صادر خواهد شد.

تاریخ انتشار نوبت اول: ۱۴۰۴/۰۴/۱۹ — تاریخ انتشار نوبت دوم: ۱۴۰۴/۰۵/۰۴
رئیس ثبت اسناد و املاک
آگهی موضوع ماده ۳ قانون و ماده ۱۳ آیین نامه قانون تعیین تکلیف وضعیت ثبتی اراضی و ساختمانهای فاقد سند رسمی

برابر رای شماره ۱۴۰۴۶۰۳۰۲۰۰۴۰۰۳۰۲۹ مورخ ۱۴۰۴/۰۳/۲۴ هیات اول موضوع قانون تعیین تکلیف وضعیت ثبتی اراضی و ساختمانهای فاقد سند رسمی مستقر در واحد ثبتی حوزه ثبت ملک تصرفات مالکانه بلامعارض متقاضی فرزند بشماره شناسنامه صادره از در یک باب ساختمان به مساحت ۲۱۶ مترمربع پلاک فرعی از اصلی واقع در بخش خریداری از مالک رسمی محرز گردیده است. لذا به منظور اطلاع عموم مراتب در دو نوبت به فاصله ۱۵ روز آگهی می شود در صورتی که اشخاص نسبت به صدور سند مالکیت متقاضی اعتراضی داشته باشند می توانند از تاریخ انتشار اولین آگهی به مدت دو ماه اعتراض خود را به این اداره تسلیم و پس از اخذ رسید، ظرف مدت یک ماه از تاریخ تسلیم اعتراض، دادخواست خود را به مرجع قضایی تقدیم نمایند. بدیهی است در صورت انقضای مدت مذکور و عدم وصول اعتراض طبق مقررات سند مالکیت صادر خواهد شد.

تاریخ انتشار نوبت اول: ۱۴۰۴/۰۴/۱۹ — تاریخ انتشار نوبت دوم: ۱۴۰۴/۰۵/۰۴
رئیس ثبت اسناد و املاک
آگهی موضوع ماده ۳ قانون و ماده ۱۳ آیین نامه قانون تعیین تکلیف وضعیت ثبتی اراضی و ساختمانهای فاقد سند رسمی

برابر رای شماره ۱۴۰۴۶۰۳۰۲۰۰۴۰۰۳۰۲۹ مورخ ۱۴۰۴/۰۳/۲۴ هیات اول موضوع قانون تعیین تکلیف وضعیت ثبتی اراضی و ساختمانهای فاقد سند رسمی مستقر در واحد ثبتی حوزه ثبت ملک تصرفات مالکانه بلامعارض متقاضی فرزند بشماره شناسنامه صادره از در یک باب ساختمان به مساحت ۲۱۶ مترمربع پلاک فرعی از اصلی واقع در بخش خریداری از مالک رسمی محرز گردیده است. لذا به منظور اطلاع عموم مراتب در دو نوبت به فاصله ۱۵ روز آگهی می شود در صورتی که اشخاص نسبت به صدور سند مالکیت متقاضی اعتراضی داشته باشند می توانند از تاریخ انتشار اولین آگهی به مدت دو ماه اعتراض خود را به این اداره تسلیم و پس از اخذ رسید، ظرف مدت یک ماه از تاریخ تسلیم اعتراض، دادخواست خود را به مرجع قضایی تقدیم نمایند. بدیهی است در صورت انقضای مدت مذکور و عدم وصول اعتراض طبق مقررات سند مالکیت صادر خواهد شد.

تاریخ انتشار نوبت اول: ۱۴۰۴/۰۴/۱۹ — تاریخ انتشار نوبت دوم: ۱۴۰۴/۰۵/۰۴
رئیس ثبت اسناد و املاک
آگهی موضوع ماده ۳ قانون و ماده ۱۳ آیین نامه قانون تعیین تکلیف وضعیت ثبتی اراضی و ساختمانهای فاقد سند رسمی

برابر رای شماره ۱۴۰۴۶۰۳۰۲۰۰۴۰۰۳۰۲۹ مورخ ۱۴۰۴/۰۳/۲۴ هیات اول موضوع قانون تعیین تکلیف وضعیت ثبتی اراضی و ساختمانهای فاقد سند رسمی مستقر در واحد ثبتی حوزه ثبت ملک تصرفات مالکانه بلامعارض متقاضی فرزند بشماره شناسنامه صادره از در یک باب ساختمان به مساحت ۲۱۶ مترمربع پلاک فرعی از اصلی واقع در بخش خریداری از مالک رسمی محرز گردیده است. لذا به منظور اطلاع عموم مراتب در دو نوبت به فاصله ۱۵ روز آگهی می شود در صورتی که اشخاص نسبت به صدور سند مالکیت متقاضی اعتراضی داشته باشند می توانند از تاریخ انتشار اولین آگهی به مدت دو ماه اعتراض خود را به این اداره تسلیم و پس از اخذ رسید، ظرف مدت یک ماه از تاریخ تسلیم اعتراض، دادخواست خود را به مرجع قضایی تقدیم نمایند. بدیهی است در صورت انقضای مدت مذکور و عدم وصول اعتراض طبق مقررات سند مالکیت صادر خواهد شد.

تاریخ انتشار نوبت اول: ۱۴۰۴/۰۴/۱۹ — تاریخ انتشار نوبت دوم: ۱۴۰۴/۰۵/۰۴
رئیس ثبت اسناد و املاک
آگهی موضوع ماده ۳ قانون و ماده ۱۳ آیین نامه قانون تعیین تکلیف وضعیت ثبتی اراضی و ساختمانهای فاقد سند رسمی

برابر رای شماره ۱۴۰۴۶۰۳۰۲۰۰۴۰۰۳۰۲۹ مورخ ۱۴۰۴/۰۳/۲۴ هیات اول موضوع قانون تعیین تکلیف وضعیت ثبتی اراضی و ساختمانهای فاقد سند رسمی مستقر در واحد ثبتی حوزه ثبت ملک تصرفات مالکانه بلامعارض متقاضی فرزند بشماره شناسنامه صادره از در یک باب ساختمان به مساحت ۲۱۶ مترمربع پلاک فرعی از اصلی واقع در بخش خریداری از مالک رسمی محرز گردیده است. لذا به منظور اطلاع عموم مراتب در دو نوبت به فاصله ۱۵ روز آگهی می شود در صورتی که اشخاص نسبت به صدور سند مالکیت متقاضی اعتراضی داشته باشند می توانند از تاریخ انتشار اولین آگهی به مدت دو ماه اعتراض خود را به این اداره تسلیم و پس از اخذ رسید، ظرف مدت یک ماه از تاریخ تسلیم اعتراض، دادخواست خود را به مرجع قضایی تقدیم نمایند. بدیهی است در صورت انقضای مدت مذکور و عدم وصول اعتراض طبق مقررات سند مالکیت صادر خواهد شد.

تاریخ انتشار نوبت اول: ۱۴۰۴/۰۴/۱۹ — تاریخ انتشار نوبت دوم: ۱۴۰۴/۰۵/۰۴
رئیس ثبت اسناد و املاک
آگهی موضوع ماده ۳ قانون و ماده ۱۳ آیین نامه قانون تعیین تکلیف وضعیت ثبتی اراضی و ساختمانهای فاقد سند رسمی

برابر رای شماره ۱۴۰۴۶۰۳۰۲۰۰۴۰۰۳۰۲۹ مورخ ۱۴۰۴/۰۳/۲۴ هیات اول موضوع قانون تعیین تکلیف وضعیت ثبتی اراضی و ساختمانهای فاقد سند رسمی مستقر در واحد ثبتی حوزه ثبت ملک تصرفات مالکانه بلامعارض متقاضی فرزند بشماره شناسنامه صادره از در یک باب ساختمان به مساحت ۲۱۶ مترمربع پلاک فرعی از اصلی واقع در بخش خریداری از مالک رسمی محرز گردیده است. لذا به منظور اطلاع عموم مراتب در دو نوبت به فاصله ۱۵ روز آگهی می شود در صورتی که اشخاص نسبت به صدور سند مالکیت متقاضی اعتراضی داشته باشند می توانند از تاریخ انتشار اولین آگهی به مدت دو ماه اعتراض خود را به این اداره تسلیم و پس از اخذ رسید، ظرف مدت یک ماه از تاریخ تسلیم اعتراض، دادخواست خود را به مرجع قضایی تقدیم نمایند. بدیهی است در صورت انقضای مدت مذکور و عدم وصول اعتراض طبق مقررات سند مالکیت صادر خواهد شد.

تاریخ انتشار نوبت اول: ۱۴۰۴/۰۴/۱۹ — تاریخ انتشار نوبت دوم: ۱۴۰۴/۰۵/۰۴
رئیس ثبت اسناد و املاک
آگهی موضوع ماده ۳ قانون و ماده ۱۳ آیین نامه قانون تعیین تکلیف وضعیت ثبتی اراضی و ساختمانهای فاقد سند رسمی

برابر رای شماره ۱۴۰۴۶۰۳۰۲۰۰۴۰۰۳۰۲۹ مورخ ۱۴۰۴/۰۳/۲۴ هیات اول موضوع قانون تعیین تکلیف وضعیت ثبتی اراضی و ساختمانهای فاقد سند رسمی مستقر در واحد ثبتی حوزه ثبت ملک تصرفات مالکانه بلامعارض متقاضی فرزند بشماره شناسنامه صادره از در یک باب ساختمان به مساحت ۲۱۶ مترمربع پلاک فرعی از اصلی واقع در بخش خریداری از مالک رسمی محرز گردیده است. لذا به منظور اطلاع عموم مراتب در دو نوبت به فاصله ۱۵ روز آگهی می شود در صورتی که اشخاص نسبت به صدور سند مالکیت متقاضی اعتراضی داشته باشند می توانند از تاریخ انتشار اولین آگهی به مدت دو ماه اعتراض خود را به این اداره تسلیم و پس از اخذ رسید، ظرف مدت یک ماه از تاریخ تسلیم اعتراض، دادخواست خود را به مرجع قضایی تقدیم نمایند. بدیهی است در صورت انقضای مدت مذکور و عدم وصول اعتراض طبق مقررات سند مالکیت صادر خواهد شد.

تاریخ انتشار نوبت اول: ۱۴۰۴/۰۴/۱۹ — تاریخ انتشار نوبت دوم: ۱۴۰۴/۰۵/۰۴
رئیس ثبت اسناد و املاک
آگهی موضوع ماده ۳ قانون و ماده ۱۳ آیین نامه قانون تعیین تکلیف وضعیت ثبتی اراضی و ساختمانهای فاقد سند رسمی

برابر رای شماره ۱۴۰۴۶۰۳۰۲۰۰۴۰۰۳۰۲۹ مورخ ۱۴۰۴/۰۳/۲۴ هیات اول موضوع قانون تعیین تکلیف وضعیت ثبتی اراضی و ساختمانهای فاقد سند رسمی مستقر در واحد ثبتی حوزه ثبت ملک تصرفات مالکانه بلامعارض متقاضی فرزند بشماره شناسنامه صادره از در یک باب ساختمان به مساحت ۲۱۶ مترمربع پلاک فرعی از اصلی واقع در بخش خریداری از مالک رسمی محرز گردیده است. لذا به منظور اطلاع عموم مراتب در دو نوبت به فاصله ۱۵ روز آگهی می شود در صورتی که اشخاص نسبت به صدور سند مالکیت متقاضی اعتراضی داشته باشند می توانند از تاریخ انتشار اولین آگهی به مدت دو ماه اعتراض خود را به این اداره تسلیم و پس از اخذ رسید، ظرف مدت یک ماه از تاریخ تسلیم اعتراض، دادخواست خود را به مرجع قضایی تقدیم نمایند. بدیهی است در صورت انقضای مدت مذکور و عدم وصول اعتراض طبق مقررات سند مالکیت صادر خواهد شد.

تاریخ انتشار نوبت اول: ۱۴۰۴/۰۴/۱۹ — تاریخ انتشار نوبت دوم: ۱۴۰۴/۰۵/۰۴
رئیس ثبت اسناد و املاک
آگهی موضوع ماده ۳ قانون و ماده ۱۳ آیین نامه قانون تعیین تکلیف وضعیت ثبتی اراضی و ساختمانهای فاقد سند رسمی

برابر رای شماره ۱۴۰۴۶۰۳۰۲۰۰۴۰۰۳۰۲۹ مورخ ۱۴۰۴/۰۳/۲۴ هیات اول موضوع قانون تعیین تکلیف وضعیت ثبتی اراضی و ساختمانهای فاقد سند رسمی مستقر در واحد ثبتی حوزه ثبت ملک تصرفات مالکانه بلامعارض متقاضی فرزند بشماره شناسنامه صادره از در یک باب ساختمان به مساحت ۲۱۶ مترمربع پلاک فرعی از اصلی واقع در بخش خریداری از مالک رسمی محرز گردیده است. لذا به منظور اطلاع عموم مراتب در دو نوبت به فاصله ۱۵ روز آگهی می شود در صورتی که اشخاص نسبت به صدور سند مالکیت متقاضی اعتراضی داشته باشند می توانند از تاریخ انتشار اولین آگهی به مدت دو ماه اعتراض خود را به این اداره تسلیم و پس از اخذ رسید، ظرف مدت یک ماه از تاریخ تسلیم اعتراض، دادخواست خود را به مرجع قضایی تقدیم نمایند. بدیهی است در صورت انقضای مدت مذکور و عدم وصول اعتراض طبق مقررات سند مالکیت صادر خواهد شد.

تاریخ انتشار نوبت اول: ۱۴۰۴/۰۴/۱۹ — تاریخ انتشار نوبت دوم: ۱۴۰۴/۰۵/۰۴
رئیس ثبت اسناد و املاک
آگهی موضوع ماده ۳ قانون و ماده ۱۳ آیین نامه قانون تعیین تکلیف وضعیت ثبتی اراضی و ساختمانهای فاقد سند رسمی

برابر رای شماره ۱۴۰۴۶۰۳۰۲۰۰۴۰۰۳۰۲۹ مورخ ۱۴۰۴/۰۳/۲۴ هیات اول موضوع قانون تعیین تکلیف وضعیت ثبتی اراضی و ساختمانهای فاقد سند رسمی مستقر در واحد ثبتی حوزه ثبت ملک تصرفات مالکانه بلامعارض متقاضی فرزند بشماره شناسنامه صادره از در یک باب ساختمان به مساحت ۲۱۶ مترمربع پلاک فرعی از اصلی واقع در بخش خریداری از مالک رسمی محرز گردیده است. لذا به منظور اطلاع عموم مراتب در دو نوبت به فاصله ۱۵ روز آگهی می شود در صورتی که اشخاص نسبت به صدور سند مالکیت متقاضی اعتراضی داشته باشند می توانند از تاریخ انتشار اولین آگهی به مدت دو ماه اعتراض خود را به این اداره تسلیم و پس از اخذ رسید، ظرف مدت یک ماه از تاریخ تسلیم اعتراض، دادخواست خود را به مرجع قضایی تقدیم نمایند. بدیهی است در صورت انقضای مدت مذکور و عدم وصول اعتراض طبق مقررات سند مالکیت صادر خواهد شد.

تاریخ انتشار نوبت اول: ۱۴۰۴/۰۴/۱۹ — تاریخ انتشار نوبت دوم: ۱۴۰۴/۰۵/۰۴
رئیس ثبت اسناد و املاک
آگهی موضوع ماده ۳ قانون و ماده ۱۳ آیین نامه قانون تعیین تکلیف وضعیت ثبتی اراضی و ساختمانهای فاقد سند رسمی

برابر رای شماره ۱۴۰۴۶۰۳۰۲۰۰۴۰۰۳۰۲۹ مورخ ۱۴۰۴/۰۳/۲۴ هیات اول موضوع قانون تعیین تکلیف وضعیت ثبتی اراضی و ساختمانهای فاقد سند رسمی مستقر در واحد ثبتی حوزه ثبت ملک تصرفات مالکانه بلامعارض متقاضی فرزند بشماره شناسنامه صادره از در یک باب ساختمان به مساحت ۲۱۶ مترمربع پلاک فرعی از اصلی واقع در بخش خریداری از مالک رسمی محرز گردیده است. لذا به منظور اطلاع عموم مراتب در دو نوبت به فاصله ۱۵ روز آگهی می شود در صورتی که اشخاص نسبت به صدور سند مالکیت متقاضی اعتراضی داشته باشند می توانند از تاریخ انتشار اولین آگهی به مدت دو ماه اعتراض خود را به این اداره تسلیم و پس از اخذ رسید، ظرف مدت یک ماه از تاریخ تسلیم اعتراض، دادخواست خود را به مرجع قضایی تقدیم نمایند. بدیهی است در صورت انقضای مدت مذکور و عدم وصول اعتراض طبق مقررات سند مالکیت صادر خواهد شد.

تاریخ انتشار نوبت اول: ۱۴۰۴/۰۴/۱۹ — تاریخ انتشار نوبت دوم: ۱۴۰۴/۰۵/۰۴
رئیس ثبت اسناد و املاک
آگهی موضوع ماده ۳ قانون و ماده ۱۳ آیین نامه قانون تعیین تکلیف وضعیت ثبتی اراضی و ساختمانهای فاقد سند رسمی

برابر رای شماره ۱۴۰۴۶۰۳۰۲۰۰۴۰۰۳۰۲۹ مورخ ۱۴۰۴/۰۳/۲۴ هیات اول موضوع قانون تعیین تکلیف وضعیت ثبتی اراضی و ساختمانهای فاقد سند رسمی مستقر در واحد ثبتی حوزه ثبت ملک تصرفات مالکانه بلامعارض متقاضی فرزند بشماره شناسنامه صادره از در یک باب ساختمان به مساحت ۲۱۶ مترمربع پلاک فرعی از اصلی واقع در بخش خریداری از مالک رسمی محرز گردیده است. لذا به منظور اطلاع عموم مراتب در دو نوبت به فاصله ۱۵ روز آگهی می شود در صورتی که اشخاص نسبت به صدور سند مالکیت متقاضی اعتراضی داشته باشند می توانند از تاریخ انتشار اولین آگهی به مدت دو ماه اعتراض خود را به این اداره تسلیم و پس از اخذ رسید، ظرف مدت یک ماه از تاریخ تسلیم اعتراض، دادخواست خود را به مرجع قضایی تقدیم نمایند. بدیهی است در صورت انقضای مدت مذکور و عدم وصول اعتراض طبق مقررات سند مالکیت صادر خواهد شد.

تاریخ انتشار نوبت اول: ۱۴۰۴/۰۴/۱۹ — تاریخ انتشار نوبت دوم: ۱۴۰۴/۰۵/۰۴
رئیس ثبت اسناد و املاک
آگهی موضوع ماده ۳ قانون و ماده ۱۳ آیین نامه قانون تعیین تکلیف وضعیت ثبتی اراضی و ساختمانهای فاقد سند رسمی

برابر رای شماره ۱۴۰۴۶۰۳۰۲۰۰۴۰۰۳۰۲۹ مورخ ۱۴۰۴/۰۳/۲۴ هیات اول موضوع قانون تعیین تکلیف وضعیت ثبتی اراضی و ساختمانهای فاقد سند رسمی مستقر در واحد ثبتی حوزه ثبت ملک تصرفات مالکانه بلامعارض متقاضی فرزند بشماره شناسنامه صادره از در یک باب ساختمان به مساحت ۲۱۶ مترمربع پلاک فرعی از اصلی واقع در بخش خریداری از مالک رسمی محرز گردیده است. لذا به منظور اطلاع عموم مراتب در دو نوبت به فاصله ۱۵ روز آگهی می شود در صورتی که اشخاص نسبت به صدور سند مالکیت متقاضی اعتراضی داشته باشند می توانند از تاریخ انتشار اولین آگهی به مدت دو ماه اعتراض خود را به این اداره تسلیم و پس از اخذ رسید، ظرف مدت یک ماه از تاریخ تسلیم اعتراض، دادخواست خود را به مرجع قضایی تقدیم نمایند. بدیهی است در صورت انقضای مدت مذکور و عدم وصول اعتراض طبق مقررات سند مالکیت صادر خواهد شد.

تاریخ انتشار نوبت اول: ۱۴۰۴/۰۴/۱۹ — تاریخ انتشار نوبت دوم: ۱۴۰۴/۰۵/۰۴
رئیس ثبت اسناد و املاک
آگهی موضوع ماده ۳ قانون و ماده ۱۳ آیین نامه قانون تعیین تکلیف وضعیت ثبتی اراضی و ساختمانهای فاقد سند رسمی

برابر رای شماره ۱۴۰۴۶۰۳۰۲۰۰۴۰۰۳۰۲۹ مورخ ۱۴۰۴/۰۳/۲۴ هیات اول موضوع قانون تعیین تکلیف وضعیت ثبتی اراضی و ساختمانهای فاقد سند رسمی مستقر در واحد ثبتی حوزه ثبت ملک تصرفات مالکانه بلامعارض متقاضی فرزند بشماره شناسنامه صادره از در یک باب ساختمان به مساحت ۲۱۶ مترمربع پلاک فرعی از اصلی واقع در بخش خریداری از مالک رسمی محرز گردیده است. لذا به منظور اطلاع عموم مراتب در دو نوبت به فاصله ۱۵ روز آگهی می شود در صورتی که اشخاص نسبت به صدور سند مالکیت متقاضی اعتراضی داشته باشند می توانند از تاریخ انتشار اولین آگهی به مدت دو ماه اعتراض خود را به این اداره تسلیم و پس از اخذ رسید، ظرف مدت یک ماه از تاریخ تسلیم اعتراض، دادخواست خود را به مرجع قضایی تقدیم نمایند. بدیهی است در صورت انقضای مدت مذکور و عدم وصول اعتراض طبق مقررات سند مالکیت صادر خواهد شد.

تاریخ انتشار نوبت اول: ۱۴۰۴/۰۴/۱۹ — تاریخ انتشار نوبت دوم: ۱۴۰۴/۰۵/۰۴
رئیس ثبت اسناد و املاک
آگهی موضوع ماده ۳ قانون و ماده ۱۳ آیین نامه قانون تعیین تکلیف وضعیت ثبتی اراضی و ساختمانهای فاقد سند رسمی

برابر رای شماره ۱۴۰۴۶۰۳۰۲۰۰۴۰۰۳۰۲۹ مورخ ۱۴۰۴/۰۳/۲۴ هیات اول موضوع قانون تعیین تکلیف وضعیت ثبتی اراضی و ساختمانهای فاقد سند رسمی مستقر در واحد ثبتی حوزه ثبت ملک تصرفات مالکانه بلامعارض متقاضی فرزند بشماره شناسنامه صادره از در یک باب ساختمان به مساحت ۲۱۶ مترمربع پلاک فرعی از اصلی واقع در بخش خریداری از مالک رسمی محرز گردیده است. لذا به منظور اطلاع عموم مراتب در دو نوبت به فاصله ۱۵ روز آگهی می شود در صورتی که اشخاص نسبت به صدور سند مالکیت متقاضی اعتراضی داشته باشند می توانند از تاریخ انتشار اولین آگهی به مدت دو ماه اعتراض خود را به این اداره تسلیم و پس از اخذ رسید، ظرف مدت یک ماه از تاریخ تسلیم اعتراض، دادخواست خود را به مرجع قضایی تقدیم نمایند. بدیهی است در صورت انقضای مدت مذکور و عدم وصول اعتراض طبق مقررات سند مالکیت صادر خواهد شد.

تاریخ انتشار نوبت اول: ۱۴۰۴/۰۴/۱۹ — تاریخ انتشار نوبت دوم: ۱۴۰۴/۰۵/۰۴
رئیس ثبت اسناد و املاک
آگهی موضوع ماده ۳ قانون و ماده ۱۳ آیین نامه قانون تعیین تکلیف وضعیت ثبتی اراضی و ساختمانهای فاقد سند رسمی

برابر رای شماره ۱۴۰۴۶۰۳۰۲۰۰۴۰۰۳۰۲۹ مورخ ۱۴۰۴/۰۳/۲۴ هیات اول موضوع قانون تعیین تکلیف وضعیت ثبتی اراضی و ساختمانهای فاقد سند رسمی مستقر در واحد ثبتی حوزه ثبت ملک تصرفات مالکانه بلامعارض متقاضی فرزند بشماره شناسنامه صادره از در یک باب ساختمان به مساحت ۲۱۶ مترمربع پلاک فرعی از اصلی واقع در بخش خریداری از مالک رسمی محرز گردیده است. لذا به منظور اطلاع عموم مراتب در دو نوبت به فاصله ۱۵ روز آگهی می شود در صورتی که اشخاص نسبت به صدور سند مالکیت متقاضی اعتراضی داشته باشند می توانند از تاریخ انتشار اولین آگهی به مدت دو ماه اعتراض خود را به این اداره تسلیم و پس از اخذ رسید، ظرف مدت یک ماه از تاریخ تسلیم اعتراض، دادخواست خود را به مرجع قضایی تقدیم نمایند. بدیهی است در صورت انقضای مدت مذکور و عدم وصول اعتراض طبق مقررات سند مالکیت صادر خواهد شد.

تاریخ انتشار نوبت اول: ۱۴۰۴/۰۴/۱۹ — تاریخ انتشار نوبت دوم: ۱۴۰۴/۰۵/۰۴
رئیس ثبت اسناد و املاک
آگهی موضوع ماده ۳ قانون و ماده ۱۳ آیین نامه قانون تعیین تکلیف وضعیت ثبتی اراضی و ساختمانهای فاقد سند رسمی

برابر رای شماره ۱۴۰۴۶۰۳۰۲۰۰۴۰۰۳۰۲۹ مورخ ۱۴۰۴/۰۳/۲۴ هیات اول موضوع قانون تعیین تکلیف وضعیت ثبتی اراضی و ساختمانهای فاقد سند رسمی مستقر در واحد ثبتی حوزه ثبت ملک تصرفات مالکانه بلامعارض متقاضی فرزند بشماره شناسنامه صادره از در یک باب ساختمان به مساحت ۲۱۶ مترمربع پلاک فرعی از اصلی واقع در بخش خریداری از مالک رسمی محرز گردیده است. لذا به منظور اطلاع عموم مراتب در دو نوبت به فاصله ۱۵ روز آگهی می شود در صورتی که اشخاص نسبت به صدور سند مالکیت متقاضی اعتراضی داشته باشند می توانند از تاریخ انتشار اولین آگهی به مدت دو ماه اعتراض خود را به این اداره تسلیم و پس از اخذ رسید، ظرف مدت یک ماه از تاریخ تسلیم اعتراض، دادخواست خود را به مرجع قضایی تقدیم نمایند. بدیهی است در صورت انقضای مدت مذکور و عدم وصول اعتراض طبق مقررات سند مالکیت صادر خواهد شد.

تاریخ انتشار نوبت اول: ۱۴۰۴/۰۴/۱۹ — تاریخ انتشار نوبت دوم: ۱۴۰۴/۰۵/۰۴
رئیس ثبت اسناد و املاک
آگهی موضوع ماده ۳ قانون و ماده ۱۳ آیین نامه قانون تعیین تکلیف وضعیت ثبتی اراضی و ساختمانهای فاقد سند رسمی

برابر رای شماره ۱۴۰۴۶۰۳۰۲۰۰۴۰۰۳۰۲۹ مورخ ۱۴۰۴/۰۳/۲۴ هیات اول موضوع قانون تعیین تکلیف وضعیت ثبتی اراضی و ساختمانهای فاقد سند رسمی مستقر در واحد ثبتی حوزه ثبت ملک تصرفات مالکانه بلامعارض متقاضی فرزند بشماره شناسنامه صادره از در یک باب ساختمان به مساحت ۲۱۶ مترمربع پلاک فرعی از اصلی واقع در بخش خریداری از مالک رسمی محرز گردیده است. لذا به منظور اطلاع عموم مراتب در دو نوبت به فاصله ۱۵ روز آگهی می شود در صورتی که اشخاص نسبت به صدور سند مالکیت متقاضی اعتراضی داشته باشند می توانند از تاریخ انتشار اولین آگهی به مدت دو ماه اعتراض خود را به این اداره تسلیم و پس از اخذ رسید، ظرف مدت یک ماه از تاریخ تسلیم اعتراض، دادخواست خود را به مرجع قضایی تقدیم نمایند. بدیهی است در صورت انقضای مدت مذکور و عدم وصول اعتراض طبق مقررات سند مالکیت صادر خواهد شد.

تاریخ انتشار نوبت اول: ۱۴۰۴/۰۴/۱۹ — تاریخ انتشار نوبت دوم: ۱۴۰۴/۰۵/۰۴
رئیس ثبت اسناد و املاک
آگهی موضوع ماده ۳ قانون و ماده ۱۳ آیین نامه قانون تعیین تکلیف وضعیت ثبتی اراضی و ساختمانهای فاقد سند رسمی

برابر رای شماره ۱۴۰۴۶۰۳۰۲۰۰۴۰۰۳۰۲۹ مورخ ۱۴۰۴/۰۳/۲۴ هیات اول موضوع قانون تعیین تکلیف وضعیت ثبتی اراضی و ساختمانهای فاقد سند رسمی مستقر در واحد ثبتی حوزه ثبت ملک تصرفات مالکانه بلامعارض متقاضی فرزند بشماره شناسنامه صادره از در یک باب ساختمان به مساحت ۲۱۶ مترمربع پلاک فرعی از اصلی واقع در بخش خریداری از مالک رسمی محرز گردیده است. لذا به منظور اطلاع عموم مراتب در دو نوبت به فاصله ۱۵ روز آگهی می شود در صورتی که اشخاص نسبت به صدور سند مالکیت متقاضی اعتراضی داشته باشند می توانند از تاریخ انتشار اولین آگهی به مدت دو ماه اعتراض خود را به این اداره تسلیم و پس از اخذ رسید، ظرف مدت یک ماه از تاریخ تسلیم اعتراض، دادخواست خود را به مرجع قضایی تقدیم نمایند. بدیهی است در صورت انقضای مدت مذکور و عدم وصول اعتراض طبق مقررات سند مالکیت صادر خواهد شد.

تاریخ انتشار نوبت اول: ۱۴۰۴/۰۴/۱۹ — تاریخ انتشار نوبت دوم: ۱۴۰۴/۰۵/۰۴
رئیس ثبت اسناد و املاک
آگهی موضوع ماده ۳ قانون و ماده ۱۳ آیین نامه قانون تعیین تکلیف وضعیت ثبتی اراضی و ساختمانهای فاقد سند رسمی

برابر رای شماره ۱۴۰۴۶۰۳۰۲۰۰۴۰۰۳۰۲۹ مورخ ۱۴۰۴/۰۳/۲۴ هیات اول موضوع قانون تعیین تکلیف وضعیت ثبتی اراضی و ساختمانهای فاقد سند رسمی مستقر در واحد ثبتی حوزه ثبت ملک تصرفات مالکانه بلامعارض متقاضی فرزند بشماره شناسنامه صادره از در یک باب ساختمان به مساحت ۲۱۶ مترمربع پلاک فرعی از اصلی واقع در بخش خریداری از مالک رسمی محرز گردیده است. لذا به منظور اطلاع عموم مراتب در دو نوبت به فاصله ۱۵ روز آگهی می شود در صورتی که اشخاص نسبت به صدور سند مالکیت متقاضی اعتراضی داشته باشند می توانند از تاریخ انتشار اولین آگهی به مدت دو ماه اعتراض خود را به این اداره تسلیم و پس از اخذ رسید، ظرف مدت یک ماه از تاریخ تسلیم اعتراض، دادخواست خود را به مرجع قضایی تقدیم نمایند. بدیهی است در صورت انقضای مدت مذکور و عدم وصول اعتراض طبق مقررات سند مالکیت صادر خواهد شد.

تاریخ انتشار نوبت اول: ۱۴۰۴/۰۴/۱۹ — تاریخ انتشار نوبت دوم: ۱۴۰۴/۰۵/۰۴
رئیس ثبت اسناد و املاک
آگهی موضوع ماده ۳ قانون و ماده ۱۳ آیین نامه قانون تعیین تکلیف وضعیت ثبتی اراضی و ساختمانهای فاقد سند رسمی

برابر رای شماره ۱۴۰۴۶۰۳۰۲۰۰۴۰۰۳۰۲۹ مورخ ۱۴۰۴/۰۳/۲۴ هیات اول موضوع قانون تعیین تکلیف وضعیت ثبتی اراضی و ساختمانهای فاقد سند رسمی مستقر در واحد ثبتی حوزه ثبت ملک تصرفات مالکانه بلامعارض متقاضی فرزند بشماره شناسنامه صادره از در یک باب ساختمان به مساحت ۲۱۶ مترمربع پلاک فرعی از اصلی واقع در بخش خریداری از مالک رسمی محرز گردیده است. لذا به منظور اطلاع عموم مراتب در دو نوبت به فاصله ۱۵ روز آگهی می شود در صورتی که اشخاص نسبت به صدور سند مالکیت متقاضی اعتراضی داشته باشند می توانند از تاریخ انتشار اولین آگهی به مدت دو ماه اعتراض خود را به این اداره تسلیم و پس از اخذ رسید، ظرف مدت یک ماه از تاریخ تسلیم اعتراض، دادخواست خود را به مرجع قضایی تقدیم نمایند. بدیهی است در صورت انقضای مدت مذکور و عدم وصول اعتراض طبق مقررات سند مالکیت صادر خواهد شد.

تاریخ انتشار نوبت اول: ۱۴۰۴/۰۴/۱۹ — تاریخ انتشار نوبت دوم: ۱۴۰۴/۰۵/۰۴
رئیس ثبت اسناد و املاک
آگهی موضوع ماده ۳ قانون و ماده ۱۳ آیین نامه قانون تعیین تکلیف وضعیت ثبتی اراضی و ساختمانهای فاقد سند رسمی

برابر رای شماره ۱۴۰۴۶۰۳۰۲۰۰۴۰۰۳۰۲۹ مورخ ۱۴۰۴/۰۳/۲۴ هیات اول موضوع قانون تعیین تکلیف وضعیت ثبتی اراضی و ساختمانهای فاقد سند رسمی مستقر در واحد ثبتی حوزه ثبت ملک تصرفات مالکانه بلامعارض متقاضی فرزند بشماره شناسنامه صادره از در یک باب ساختمان به مساحت ۲۱۶ مترمربع پلاک فرعی از اصلی واقع در بخش خریداری از مالک رسمی محرز گردیده است. لذا به منظور اطلاع عموم مراتب در دو نوبت به فاصله ۱۵ روز آگهی می شود در صورتی که اشخاص نسبت به صدور سند مالکیت متقاضی اعتراضی داشته باشند می توانند از تاریخ انتشار اولین آگهی به مدت دو ماه اعتراض خود را به این اداره تسلیم و پس از اخذ رسید، ظرف مدت یک ماه از تاریخ تسلیم اعتراض، دادخواست خود را به مرجع قضایی تقدیم نمایند. بدیهی است در صورت انقضای مدت مذکور و عدم وصول اعتراض طبق مقررات سند مالکیت صادر خواهد شد.

تاریخ انتشار نوبت اول: ۱۴۰۴/۰۴/۱۹ — تاریخ انتشار نوبت دوم: ۱۴۰۴/۰۵/۰۴
رئیس ثبت اسناد و املاک
آگهی موضوع ماده ۳ قانون و ماده ۱۳ آیین نامه قانون تعیین تکلیف وضعیت ثبتی اراضی و ساختمانهای فاقد سند رسمی

برابر رای شماره ۱۴۰۴۶۰۳۰۲۰۰۴۰۰۳۰۲۹ مورخ ۱۴۰۴/۰۳/۲۴ هیات اول موضوع قانون تعیین تکلیف وضعیت ثبتی اراضی و ساختمانهای فاقد سند رسمی مستقر در واحد ثبتی حوزه ثبت ملک تصرفات مالکانه بلامعارض متقاضی فرزند بشماره شناسنامه صادره از در یک باب ساختمان به مساحت ۲۱۶ مترمربع پلاک فرعی از اصلی واقع در بخش خریداری از مالک رسمی محرز گردیده است. لذا به منظور اطلاع عموم مراتب در دو نوبت به فاصله ۱۵ روز آگهی می شود در صورتی که اشخاص نسبت به صدور سند مالکیت متقاضی اعتراضی داشته باشند می توانند از تاریخ انتشار اولین آگهی به مدت دو ماه اعتراض خود را به این اداره تسلیم و پس از اخذ رسید، ظرف مدت یک ماه از تاریخ تسلیم اعتراض، دادخواست خود را به مرجع قضایی تقدیم نمایند. بدیهی است در صورت انقضای مدت مذکور و عدم وصول اعتراض طبق مقررات سند مالکیت صادر خواهد شد.

تاریخ انتشار نوبت اول: ۱۴۰۴/۰۴/۱۹ — تاریخ انتشار نوبت دوم: ۱۴۰۴/۰۵/۰۴
رئیس ثبت اسناد و املاک
آگهی موضوع ماده ۳ قانون و ماده ۱۳ آیین نامه قانون تعیین تکلیف وضعیت ثبتی اراضی و ساختمانهای فاقد سند رسمی

برابر رای شماره ۱۴۰۴۶۰۳۰۲۰۰۴۰۰۳۰۲۹ مورخ ۱۴۰۴/۰۳/۲۴ هیات اول موضوع قانون تعیین تکلیف وضعیت ثبتی اراضی و ساختمانهای فاقد سند رسمی مستقر در واحد ثبتی حوزه ثبت ملک تصرفات مالکانه بلامعارض متقاضی فرزند بشماره شناسنامه صادره از در یک باب ساختمان به مساحت ۲۱۶ مترمربع پلاک فرعی از اصلی واقع در بخش خریداری از مالک رسمی محرز گردیده است. لذا به منظور اطلاع عموم مراتب در دو نوبت به فاصله ۱۵ روز آگهی می شود در صورتی که اشخاص نسبت به صدور سند مالکیت متقاضی اعتراضی داشته باشند می توانند از تاریخ انتشار اولین آگهی به مدت دو ماه اعتراض خود را به این اداره تسلیم و پس از اخذ رسید، ظرف مدت یک ماه از تاریخ تسلیم اعتراض، دادخواست خود را به مرجع قضایی تقدیم نمایند. بدیهی است در صورت انقضای مدت مذکور و عدم وصول اعتراض طبق مقررات سند مالکیت صادر خواهد شد.

تاریخ انتشار نوبت اول: ۱۴۰۴/۰۴/۱۹ — تاریخ انتشار نوبت دوم: ۱۴۰۴/۰۵/۰۴
رئیس ثبت اسناد و املاک
آگهی موضوع ماده ۳ قانون و ماده ۱۳ آیین نامه قانون تعیین تکلیف وضعیت ثبتی اراضی و ساختمانهای فاقد سند رسمی

برابر رای شماره ۱۴۰۴۶۰۳۰۲۰۰۴۰۰۳۰۲۹ مورخ ۱۴۰۴/۰۳/۲۴ هیات اول موضوع قانون تعیین تکلیف وضعیت ثبتی اراضی و ساختمانهای فاقد سند رسمی مستقر در واحد ثبتی حوزه ثبت ملک تصرفات مالکانه بلامعارض متقاضی فرزند بشماره شناسنامه صادره از در یک باب ساختمان به مساحت ۲۱۶ مترمربع پلاک فرعی از اصلی واقع در بخش خریداری از مالک رسمی محرز گردیده است. لذا به منظور اطلاع عموم مراتب در دو نوبت به فاصله ۱۵ روز آگهی می شود در صورتی که اشخاص نسبت به صدور سند مالکیت متقاضی اعتراضی داشته باشند می توانند از تاریخ انتشار اولین آگهی به مدت دو ماه اعتراض خود را به این اداره تسلیم و پس از اخذ رسید، ظرف مدت یک ماه از تاریخ تسلیم اعتراض، دادخواست خود را به مرجع قضایی تقدیم نمایند. بدیهی است در صورت انقضای مدت مذکور و عدم وصول اعتراض طبق مقررات سند مالکیت صادر خواهد شد.

تاریخ انتشار نوبت اول: ۱۴۰۴/۰۴/۱۹ — تاریخ انتشار نوبت دوم: ۱۴۰۴/۰۵/۰۴
رئیس ثبت اسناد و املاک
آگهی موضوع ماده ۳ قانون و ماده ۱۳ آیین نامه قانون تعیین تکلیف وضعیت ثبتی اراضی و ساختمانهای فاقد سند رسمی

برابر رای شماره ۱۴۰۴۶۰۳۰۲۰۰۴۰۰۳۰۲۹ مورخ ۱۴۰۴/۰۳/۲۴ هیات اول موضوع قانون تعیین تکلیف وضعیت ثبتی اراضی و ساختمانهای فاقد سند رسمی مستقر در واحد ثبتی حوزه ثبت ملک تصرفات مالکانه بلامعارض متقاضی فرزند بشماره شناسنامه صادره از در یک باب ساختمان به مساحت ۲۱۶ مترمربع پلاک فرعی از اصلی واقع در بخش خریداری از مالک رسمی محرز گردیده است. لذا به منظور اطلاع عموم مراتب در دو نوبت به فاصله ۱۵ روز آگهی می شود در صورتی که اشخاص نسبت به صدور سند مالکیت متقاضی اعتراضی داشته باشند می توانند از تاریخ انتشار اولین آگهی به مدت دو ماه اعتراض خود را به این اداره تسلیم و پس از اخذ رسید، ظرف مدت یک ماه از تاریخ تسلیم اعتراض، دادخواست خود را به مرجع قضایی تقدیم نمایند. بدیهی است در صورت انقضای مدت مذکور و عدم وصول اعتراض طبق مقررات سند مالکیت صادر خواهد شد.

تاریخ انتشار نوبت اول: ۱۴۰۴/۰۴/۱۹ — تاریخ انتشار نوبت دوم: ۱۴۰۴/۰۵/۰۴
رئیس ثبت اسناد و املاک
آگهی موضوع ماده ۳ قانون و ماده ۱۳ آیین نامه قانون تعیین تکلیف وضعیت ثبتی اراضی و ساختمانهای فاقد سند رسمی

برابر رای شماره ۱۴۰۴۶۰۳۰۲۰۰۴۰۰۳۰۲۹ مورخ ۱۴۰۴/۰۳/۲۴ هیات اول موضوع قانون تعیین تکلیف وضعیت ثبتی اراضی و ساختمانهای فاقد سند رسمی مستقر در واحد ثبتی حوزه ثبت ملک تصرفات مالکانه بلامعارض متقاضی فرزند بشماره شناسنامه صادره از در یک باب ساختمان به مساحت ۲۱۶ مترمربع پلاک فرعی از اصلی واقع در بخش خریداری از مالک رسمی محرز گردیده است. لذا به منظور اطلاع عموم مراتب در دو نوبت به فاصله ۱۵ روز آگهی می شود در صورتی که اشخاص نسبت به صدور سند مالکیت متقاضی اعتراضی داشته باشند می توانند از تاریخ انتشار اولین آگهی به مدت دو ماه اعتراض خود را به این اداره تسلیم و پس از اخذ رسید، ظرف مدت یک ماه از تاریخ تسلیم اعتراض، دادخواست خود را به مرجع قضایی تقدیم نمایند. بدیهی است در صورت انقضای مدت مذکور و عدم وصول اعتراض طبق مقررات سند مالکیت صادر خواهد شد.

تاریخ انتشار نوبت اول: ۱۴۰۴/۰۴/۱۹ — تاریخ انتشار نوبت دوم: ۱۴۰۴/۰۵/۰۴
رئیس ثبت اسناد و املاک
آگهی موضوع ماده ۳ قانون و ماده ۱۳ آیین نامه قانون تعیین تکلیف وضعیت ثبتی اراضی و ساختمانهای فاقد سند رسمی

برابر رای شماره ۱۴۰۴۶۰۳۰۲۰۰۴۰۰۳۰۲۹ مورخ ۱۴۰۴/۰۳/۲۴ هیات اول موضوع قانون تعیین تکلیف وضعیت ثبتی اراضی و ساختمانهای فاقد سند رسمی مستقر در واحد ثبتی حوزه ثبت ملک تصرفات مالکانه بلامعارض متقاضی فرزند بشماره شناسنامه صادره از در یک باب ساختمان به مساحت ۲۱۶ مترمربع پلاک فرعی از اصلی واقع در بخش خریداری از مالک رسمی محرز گردیده است. لذا به منظور اطلاع عموم مراتب در دو نوبت به فاصله ۱۵ روز آگهی می شود در صورتی که اشخاص نسبت به صدور سند مالکیت متقاضی اعتراضی داشته باشند می توانند از تاریخ انتشار اولین آگهی به مدت دو ماه اعتراض خود را به این اداره تسلیم و پس از اخذ رسید، ظرف مدت یک ماه از تاریخ تسلیم اعتراض، دادخواست خود را به مرجع قضایی تقدیم نمایند. بدیهی است در صورت انقضای مدت مذکور و عدم وصول اعتراض طبق مقررات سند مالکیت صادر خواهد شد.

تاریخ انتشار نوبت اول: ۱۴۰۴/۰۴/۱۹ — تاریخ انتشار نوبت دوم: ۱۴۰۴/۰۵/۰۴
رئیس ثبت اسناد و املاک
آگهی موضوع ماده ۳ قانون و ماده ۱۳ آیین نامه قانون تعیین تکلیف وضعیت ثبتی اراضی و ساختمانهای فاقد سند رسمی

برابر رای شماره ۱۴۰۴۶۰۳۰۲۰۰۴۰۰۳۰۲۹ مورخ ۱۴۰۴/۰۳/۲۴ هیات اول موضوع قانون تعیین تکلیف وضعیت ثبتی اراضی و ساختمانهای فاقد سند رسمی مستقر در واحد ثبتی حوزه ثبت ملک تصرفات مالکانه بلامعارض متقاضی فرزند بشماره شناسنامه صادره از در یک باب ساختمان به مساحت ۲۱۶ مترمربع پلاک فرعی از اصلی واقع در بخش خریداری از مالک رسمی محرز گردیده است. لذا به منظور اطلاع عموم مراتب در دو نوبت به فاصله ۱۵ روز آگهی می شود در صورتی که اشخاص نسبت به صدور سند مالکیت متقاضی اعتراضی داشته باشند می توانند از تاریخ انتشار اولین آگهی به مدت دو ماه اعتراض خود را به این اداره تسلیم و پس از اخذ رسید، ظرف مدت یک ماه از تاریخ تسلیم اعتراض، دادخواست خود را به مرجع قضایی تقدیم نمایند. بدیهی است در صورت انقضای مدت مذکور و عدم وصول اعتراض طبق مقررات سند مالکیت صادر خواهد شد.

تاریخ انتشار نوبت اول: ۱۴۰۴/۰۴/۱۹ — تاریخ انتشار نوبت دوم: ۱۴۰۴/۰۵/۰۴
رئیس ثبت اسناد و املاک
آگهی موضوع ماده ۳ قانون و ماده ۱۳ آیین نامه قانون تعیین تکلیف وضعیت ثبتی اراضی و ساختمانهای فاقد سند رسمی

برابر رای شماره ۱۴۰۴۶۰۳۰۲۰۰۴۰۰۳۰۲۹ مورخ ۱۴۰۴/۰۳/۲۴ هیات اول موضوع قانون تعیین تکلیف وضعیت ثبتی اراضی و ساختمانهای فاقد سند رسمی مستقر در واحد ثبتی حوزه ثبت ملک تصرفات مالکانه بلامعارض متقاضی فرزند بشماره شناسنامه صادره از در یک باب ساختمان به مساحت ۲۱۶ مترمربع پلاک فرعی از اصلی واقع در بخش خریداری از مالک رسمی محرز گردیده است. لذا به منظور اطلاع عموم مراتب در دو نوبت به فاصله ۱۵ روز آگهی می شود در صورتی که اشخاص نسبت به صدور سند مالکیت متقاضی اعتراضی داشته باشند می توانند از تاریخ انتشار اولین آگهی به مدت دو ماه اعتراض خود را به این اداره تسلیم و پس از اخذ رسید، ظرف مدت یک ماه از تاریخ تسلیم اعتراض، دادخواست خود را به مرجع قضایی تقدیم نمایند. بدیهی است در صورت انقضای مدت مذکور و عدم وصول اعتراض طبق مقررات سند مالکیت صادر خواهد شد.

تاریخ انتشار نوبت اول: ۱۴۰۴/۰۴/۱۹ — تاریخ انتشار نوبت دوم: ۱۴۰۴/۰۵/۰۴
رئیس ثبت اسناد و املاک
آگهی موضوع ماده ۳ قانون و ماده ۱۳ آیین نامه قانون تعیین تکلیف وضعیت ثبتی اراضی و ساختمانهای فاقد سند رسمی

برابر رای شماره ۱۴۰۴۶۰۳۰۲۰۰۴۰۰۳۰۲۹ مورخ ۱۴۰۴/۰۳/۲۴ هیات اول موضوع قانون تعیین تکلیف وضعیت ثبتی اراضی و ساختمانهای فاقد سند رسمی مستقر در واحد ثبتی حوزه ثبت ملک تصرفات مالکانه بلامعارض متقاضی فرزند بشماره شناسنامه صادره از در یک باب ساختمان به مساحت ۲۱۶ مترمربع پلاک فرعی از اصلی واقع در بخش خریداری از مالک رسمی محرز گردیده است. لذا به منظور اطلاع عموم مراتب در دو نوبت به فاصله ۱۵ روز آگهی می شود در صورتی که اشخاص نسبت به صدور سند مالکیت متقاضی اعتراضی داشته باشند می توانند از تاریخ انتشار اولین آگهی به مدت دو ماه اعتراض خود را به این اداره تسلیم و پس از اخذ رسید، ظرف مدت یک ماه از تاریخ تسلیم اعتراض، دادخواست خود را به مرجع قضایی تقدیم نمایند. بدیهی است در صورت انقضای مدت مذکور و عدم وصول اعتراض طبق مقررات سند مالکیت صادر خواهد شد.

تاریخ انتشار نوبت اول: ۱۴۰۴/۰۴/۱۹ — تاریخ انتشار نوبت دوم: ۱۴۰۴/۰۵/۰۴
رئیس ثبت اسناد و املاک
آگهی موضوع ماده ۳ قانون و ماده ۱۳ آیین نامه قانون تعیین تکلیف وضعیت ثبتی اراضی و ساختمانهای فاقد سند رسمی

برابر رای شماره ۱۴۰۴۶۰۳۰۲۰۰۴۰۰۳۰۲۹ مورخ ۱۴۰۴/۰۳/۲۴ هیات اول موضوع قانون تعیین تکلیف وضعیت ثبتی اراضی و ساختمانهای فاقد سند رسمی مستقر در واحد ثبتی حوزه ثبت ملک تصرفات مالکانه بلامعارض متقاضی فرزند بشماره شناسنامه صادره از در یک باب ساختمان به مساحت ۲۱۶ مترمربع پلاک فرعی از اصلی واقع در بخش خریداری از مالک رسمی محرز گردیده است. لذا به منظور اطلاع عموم مراتب در دو نوبت به فاصله ۱۵ روز آگهی می شود در صورتی که اشخاص نسبت به صدور سند مالکیت متقاضی اعتراضی داشته باشند می توانند از تاریخ انتشار اولین آگهی به مدت دو ماه اعتراض خود را به این اداره تسلیم و پس از اخذ رسید، ظرف مدت یک ماه از تاریخ تسلیم اعتراض، دادخواست خود را به مرجع قضایی تقدیم نمایند. بدیهی است در صورت انقضای مدت مذکور و عدم وصول اعتراض طبق مقررات سند مالکیت صادر خواهد شد.

تاریخ انتشار نوبت اول: ۱۴۰۴/۰۴/۱۹ — تاریخ انتشار نوبت دوم: ۱۴۰۴/۰۵/۰۴
رئیس ثبت اسناد و املاک
آگهی موضوع ماده ۳ قانون و ماده ۱۳ آیین نامه قانون تعیین تکلیف وضعیت ثبتی اراضی و ساختمانهای فاقد سند رسمی

برابر رای شماره ۱۴۰۴۶۰۳۰۲۰۰۴۰۰۳۰۲۹ مورخ ۱۴۰۴/۰۳/۲۴ هیات اول موضوع قانون تعیین تکلیف وضعیت ثبتی اراضی و ساختمانهای فاقد سند رسمی مستقر در واحد ثبتی حوزه ثبت ملک تصرفات مالکانه بلامعارض متقاضی فرزند بشماره شناسنامه صادره از در یک باب ساختمان به مساحت ۲۱۶ مترمربع پلاک فرعی از اصلی واقع در بخش خریداری از مالک رسمی محرز گردیده است. لذا به منظور اطلاع عموم مراتب در دو نوبت به فاصله ۱۵ روز آگهی می شود در صورتی که اشخاص نسبت به صدور سند مالکیت متقاضی اعتراضی داشته باشند می توانند از تاریخ انتشار اولین آگهی به مدت دو ماه اعتراض خود را به این اداره تسلیم و پس از اخذ رسید، ظرف مدت یک ماه از تاریخ تسلیم اعتراض، دادخواست خود را به مرجع قضایی تقدیم نمایند. بدیهی است در صورت انقضای مدت مذکور و عدم وصول اعتراض طبق مقررات سند مالکیت صادر خواهد شد.

تاریخ انتشار نوبت اول: ۱۴۰۴/۰۴/۱۹ — تاریخ انتشار نوبت دوم: ۱۴۰۴/۰۵/۰۴
رئیس ثبت اسناد و املاک
آگهی موضوع ماده ۳ قانون و ماده ۱۳ آیین نامه قانون تعیین تکلیف وضعیت ثبتی اراضی و ساختمانهای فاقد سند رسمی

برابر رای شماره ۱۴۰۴۶۰۳۰۲۰۰۴۰۰۳۰۲۹ مورخ ۱۴۰۴/۰۳/۲۴ هیات اول موضوع قانون تعیین تکلیف وضعیت ثبتی اراضی و ساختمانهای فاقد سند رسمی مستقر در واحد ثبتی حوزه ثبت ملک تصرفات مالکانه بلامعارض متقاضی فرزند بشماره شناسنامه صادره از در یک باب ساختمان به مساحت ۲۱۶ مترمربع پلاک فرعی از اصلی واقع در بخش خریداری از مالک رسمی محرز گردیده است. لذا به منظور اطلاع عموم مراتب در دو نوبت به فاصله ۱۵ روز آگهی می شود در صورتی که اشخاص نسبت به صدور سند مالکیت متقاضی اعتراضی داشته باشند می توانند از تاریخ انتشار اولین آگهی به مدت دو ماه اعتراض خود را به این اداره تسلیم و پس از اخذ رسید، ظرف مدت یک ماه از تاریخ تسلیم اعتراض، دادخواست خود را به مرجع قضایی تقدیم نمایند. بدیهی است در صورت انقضای مدت مذکور و عدم وصول اعتراض طبق مقررات سند مالکیت صادر خواهد شد.

تاریخ انتشار نوبت اول: ۱۴۰۴/۰۴/۱۹ — تاریخ انتشار نوبت دوم: ۱۴۰۴/۰۵/۰۴
رئیس ثبت اسناد و املاک
آگهی موضوع ماده ۳ قانون و ماده ۱۳ آیین نامه قانون تعیین تکلیف وضعیت ثبتی اراضی و ساختمانهای فاقد سند رسمی

برابر رای شماره ۱۴۰۴۶۰۳۰۲۰۰۴۰۰۳۰۲۹ مورخ ۱۴۰۴/۰۳/۲۴ هیات اول موضوع قانون تعیین تکلیف وضعیت ثبتی اراضی و ساختمانهای فاقد سند رسمی مستقر در واحد ثبتی حوزه ثبت ملک تصرفات مالکانه بلامعارض متقاضی فرزند بشماره شناسنامه صادره از در یک باب ساختمان به مساحت ۲۱۶ مترمربع پلاک فرعی از اصلی واقع در بخش خریداری از مالک رسمی محرز گردیده است. لذا به منظور اطلاع عموم مراتب در دو نوبت به فاصله ۱۵ روز آگهی می شود در صورتی که اشخاص نسبت به صدور سند مالکیت متقاضی اعتراضی داشته باشند می توانند از تاریخ انتشار اولین آگهی به مدت دو ماه اعتراض خود را به این اداره تسلیم و پس از اخذ رسید، ظرف مدت یک ماه از تاریخ تسلیم اعتراض، دادخواست خود را به مرجع قضایی تقدیم نمایند. بدیهی است در صورت انقضای مدت مذکور و عدم وصول اعتراض طبق مقررات سند مالکیت صادر خواهد شد.

تاریخ انتشار نوبت اول: ۱۴۰۴/۰۴/۱۹ — تاریخ انتشار نوبت دوم: ۱۴۰۴/۰۵/۰۴
رئیس ثبت اسناد و املاک
آگهی موضوع ماده ۳ قانون و ماده ۱۳ آیین نامه قانون تعیین تکلیف وضعیت ثبتی اراضی و ساختمانهای فاقد سند رسمی

برابر رای شماره ۱۴۰۴۶۰۳۰۲۰۰۴۰۰۳۰۲۹ مورخ ۱۴۰۴/۰۳/۲۴ هیات اول موضوع قانون تعیین تکلیف وضعیت ثبتی اراضی و ساختمانهای فاقد سند رسمی مستقر در واحد ثبتی حوزه ثبت ملک تصرفات مالکانه بلامعارض متقاضی فرزند بشماره شناسنامه صادره از در یک باب ساختمان به مساحت ۲۱۶ مترمربع پلاک فرعی از اصلی واقع در بخش خریداری از مالک رسمی محرز گردیده است. لذا به منظور اطلاع عموم مراتب در دو نوبت به فاصله ۱۵ روز آگهی می شود در صورتی که اشخاص نسبت به صدور سند مالکیت متقاضی اعتراضی داشته باشند می توانند از تاریخ انتشار اولین آگهی به مدت دو ماه اعتراض خود را به این اداره تسلیم و پس از اخذ رسید، ظرف مدت یک ماه از تاریخ تسلیم اعتراض، دادخواست خود را به مرجع قضایی تقدیم نمایند. بدیهی است در صورت انقضای مدت مذکور و عدم وصول اعتراض طبق مقررات سند مالکیت صادر خواهد شد.

تاریخ انتشار نوبت اول: ۱۴۰۴/۰۴/۱۹ — تاریخ انتشار نوبت دوم: ۱۴۰۴/۰۵/۰۴
رئیس ثبت اسناد و املاک
آگهی موضوع ماده ۳ قانون و ماده ۱۳ آیین نامه قانون تعیین تکلیف وضعیت ثبتی اراضی و ساختمانهای فاقد سند رسمی

برابر رای شماره ۱۴۰۴۶۰۳۰۲۰۰۴۰۰۳۰۲۹ مورخ ۱۴۰۴/۰۳/۲۴ هیات اول موضوع قانون تعیین تکلیف وضعیت ثبتی اراضی و ساختمانهای فاقد سند رسمی مستقر در واحد ثبتی حوزه ثبت ملک تصرفات مالکانه بلامعارض متقاضی فرزند بشماره شناسنامه صادره از در یک باب ساختمان به مساحت ۲۱۶ مترمربع پلاک فرعی از اصلی واقع در بخش خریداری از مالک رسمی محرز گردیده است. لذا به منظور اطلاع عموم مراتب در دو نوبت به فاصله ۱۵ روز آگهی می شود در صورتی که اشخاص نسبت به صدور سند مالکیت متقاضی اعتراضی داشته باشند می توانند از تاریخ انتشار اولین آگهی به مدت دو ماه اعتراض خود را به این اداره تسلیم و پس از اخذ رسید، ظرف مدت یک ماه از تاریخ تسلیم اعتراض، دادخواست خود را به مرجع قضایی تقدیم نمایند. بدیهی است در صورت انقضای مدت مذکور و عدم وصول اعتراض طبق مقررات سند مالکیت صادر خواهد شد.

تاریخ انتشار نوبت اول: ۱۴۰۴/۰۴/۱۹ — تاریخ انتشار نوبت دوم: ۱۴۰۴/۰۵/۰۴
رئیس ثبت اسناد و املاک
آگهی موضوع ماده ۳ قانون و ماده ۱۳ آیین نامه قانون تعیین تکلیف وضعیت ثبتی اراضی و ساختمانهای فاقد سند رسمی

برابر رای شماره ۱۴۰۴۶۰۳۰۲۰۰۴۰۰۳۰۲۹ مورخ ۱۴۰۴/۰۳/۲۴ هیات اول موضوع قانون تعیین تکلیف وضعیت ثبتی اراضی و ساختمانهای فاقد سند رسمی مستقر در واحد ثبتی حوزه ثبت ملک تصرفات مالکانه بلامعارض متقاضی فرزند بشماره شناسنامه صادره از در یک باب ساختمان به مساحت ۲۱۶ مترمربع پلاک فرعی از اصلی واقع در بخش خریداری از مالک رسمی محرز گردیده است. لذا به منظور اطلاع عموم مراتب در دو نوبت به فاصله ۱۵ روز آگهی می شود در صورتی که اشخاص نسبت به صدور سند مالکیت متقاضی اعتراضی داشته باشند می توانند از تاریخ انتشار اولین آگهی به مدت دو ماه اعتراض خود را به این اداره تسلیم و پس از اخذ رسید، ظرف مدت یک ماه از تاریخ تسلیم اعتراض، دادخواست خود را به مرجع قضایی تقدیم نمایند. بدیهی است در صورت انقضای مدت مذکور و عدم وصول اعتراض طبق مقررات سند مالکیت صادر خواهد شد.

تاریخ انتشار نوبت اول: ۱۴۰۴/۰۴/۱۹ — تاریخ انتشار نوبت دوم: ۱۴۰۴/۰۵/۰۴
رئیس ثبت اسناد و املاک
آگهی موضوع ماده ۳ قانون و ماده ۱۳ آیین نامه قانون تعیین تکلیف وضعیت ثبتی اراضی و ساختمانهای فاقد سند رسمی

برابر رای شماره ۱۴۰۴۶۰۳۰۲۰۰۴۰۰۳۰۲۹ مورخ ۱۴۰۴/۰۳/۲۴ هیات اول موضوع قانون تعیین تکلیف وضعیت ثبتی اراضی و ساختمانهای فاقد سند رسمی مستقر در واحد ثبتی حوزه ثبت ملک تصرفات مالکانه بلامعارض متقاضی فرزند بشماره شناسنامه صادره از در یک باب ساختمان به مساحت ۲۱۶ مترمربع پلاک فرعی از اصلی واقع در بخش خریداری از مالک رسمی محرز گردیده است. لذا به منظور اطلاع عموم مراتب در دو نوبت به فاصله ۱۵ روز آگهی می شود در صورتی که اشخاص نسبت به صدور سند مالکیت متقاضی اعتراضی داشته باشند می توانند از تاریخ انتشار اولین آگهی به مدت دو ماه اعتراض خود را به این اداره تسلیم و پس از اخذ رسید، ظرف مدت یک ماه از تاریخ تسلیم اعتراض، دادخواست خود را به مرجع قضایی تقدیم نمایند. بدیهی است در صورت انقضای مدت مذکور و عدم وصول اعتراض طبق مقررات سند مالکیت صادر خواهد شد.

تاریخ انتشار نوبت اول: ۱۴۰۴/۰۴/۱۹ — تاریخ انتشار نوبت دوم: ۱۴۰۴/۰۵/۰۴
رئیس ثبت اسناد و املاک
آگهی موضوع ماده ۳ قانون و ماده ۱۳ آیین نامه قانون تعیین تکلیف وضعیت ثبتی اراضی و ساختمانهای فاقد سند رسمی

برابر رای شماره ۱۴۰۴۶۰۳۰۲۰۰۴۰۰۳۰۲۹ مورخ ۱۴۰۴/۰۳/۲۴ هیات اول موضوع قانون تعیین تکلیف وضعیت ثبتی اراضی و ساختمانهای فاقد سند رسمی مستقر در واحد ثبتی حوزه ثبت ملک تصرفات مالکانه بلامعارض متقاضی فرزند بشماره شناسنامه صادره از در یک باب ساختمان به مساحت ۲۱۶ مترمربع پلاک فرعی از اصلی واقع در بخش خریداری از مالک رسمی محرز گردیده است. لذا به منظور اطلاع عموم مراتب در دو نوبت به فاصله ۱۵ روز آگهی می شود در صورتی که اشخاص نسبت به صدور سند مالکیت متقاضی اعتراضی داشته باشند می توانند از تاریخ انتشار اولین آگهی به مدت دو ماه اعتراض خود را به این اداره تسلیم و پس از اخذ رسید، ظرف مدت یک ماه از تاریخ تسلیم اعتراض، دادخواست خود را به مرجع قضایی تقدیم نمایند. بدیهی است در صورت انقضای مدت مذکور و عدم وصول اعتراض طبق مقررات سند مالکیت صادر خواهد شد.

تاریخ انتشار نوبت اول: ۱۴۰۴/۰۴/۱۹ — تاریخ انتشار نوبت دوم: ۱۴۰۴/۰۵/۰۴
رئیس ثبت اسناد و املاک
